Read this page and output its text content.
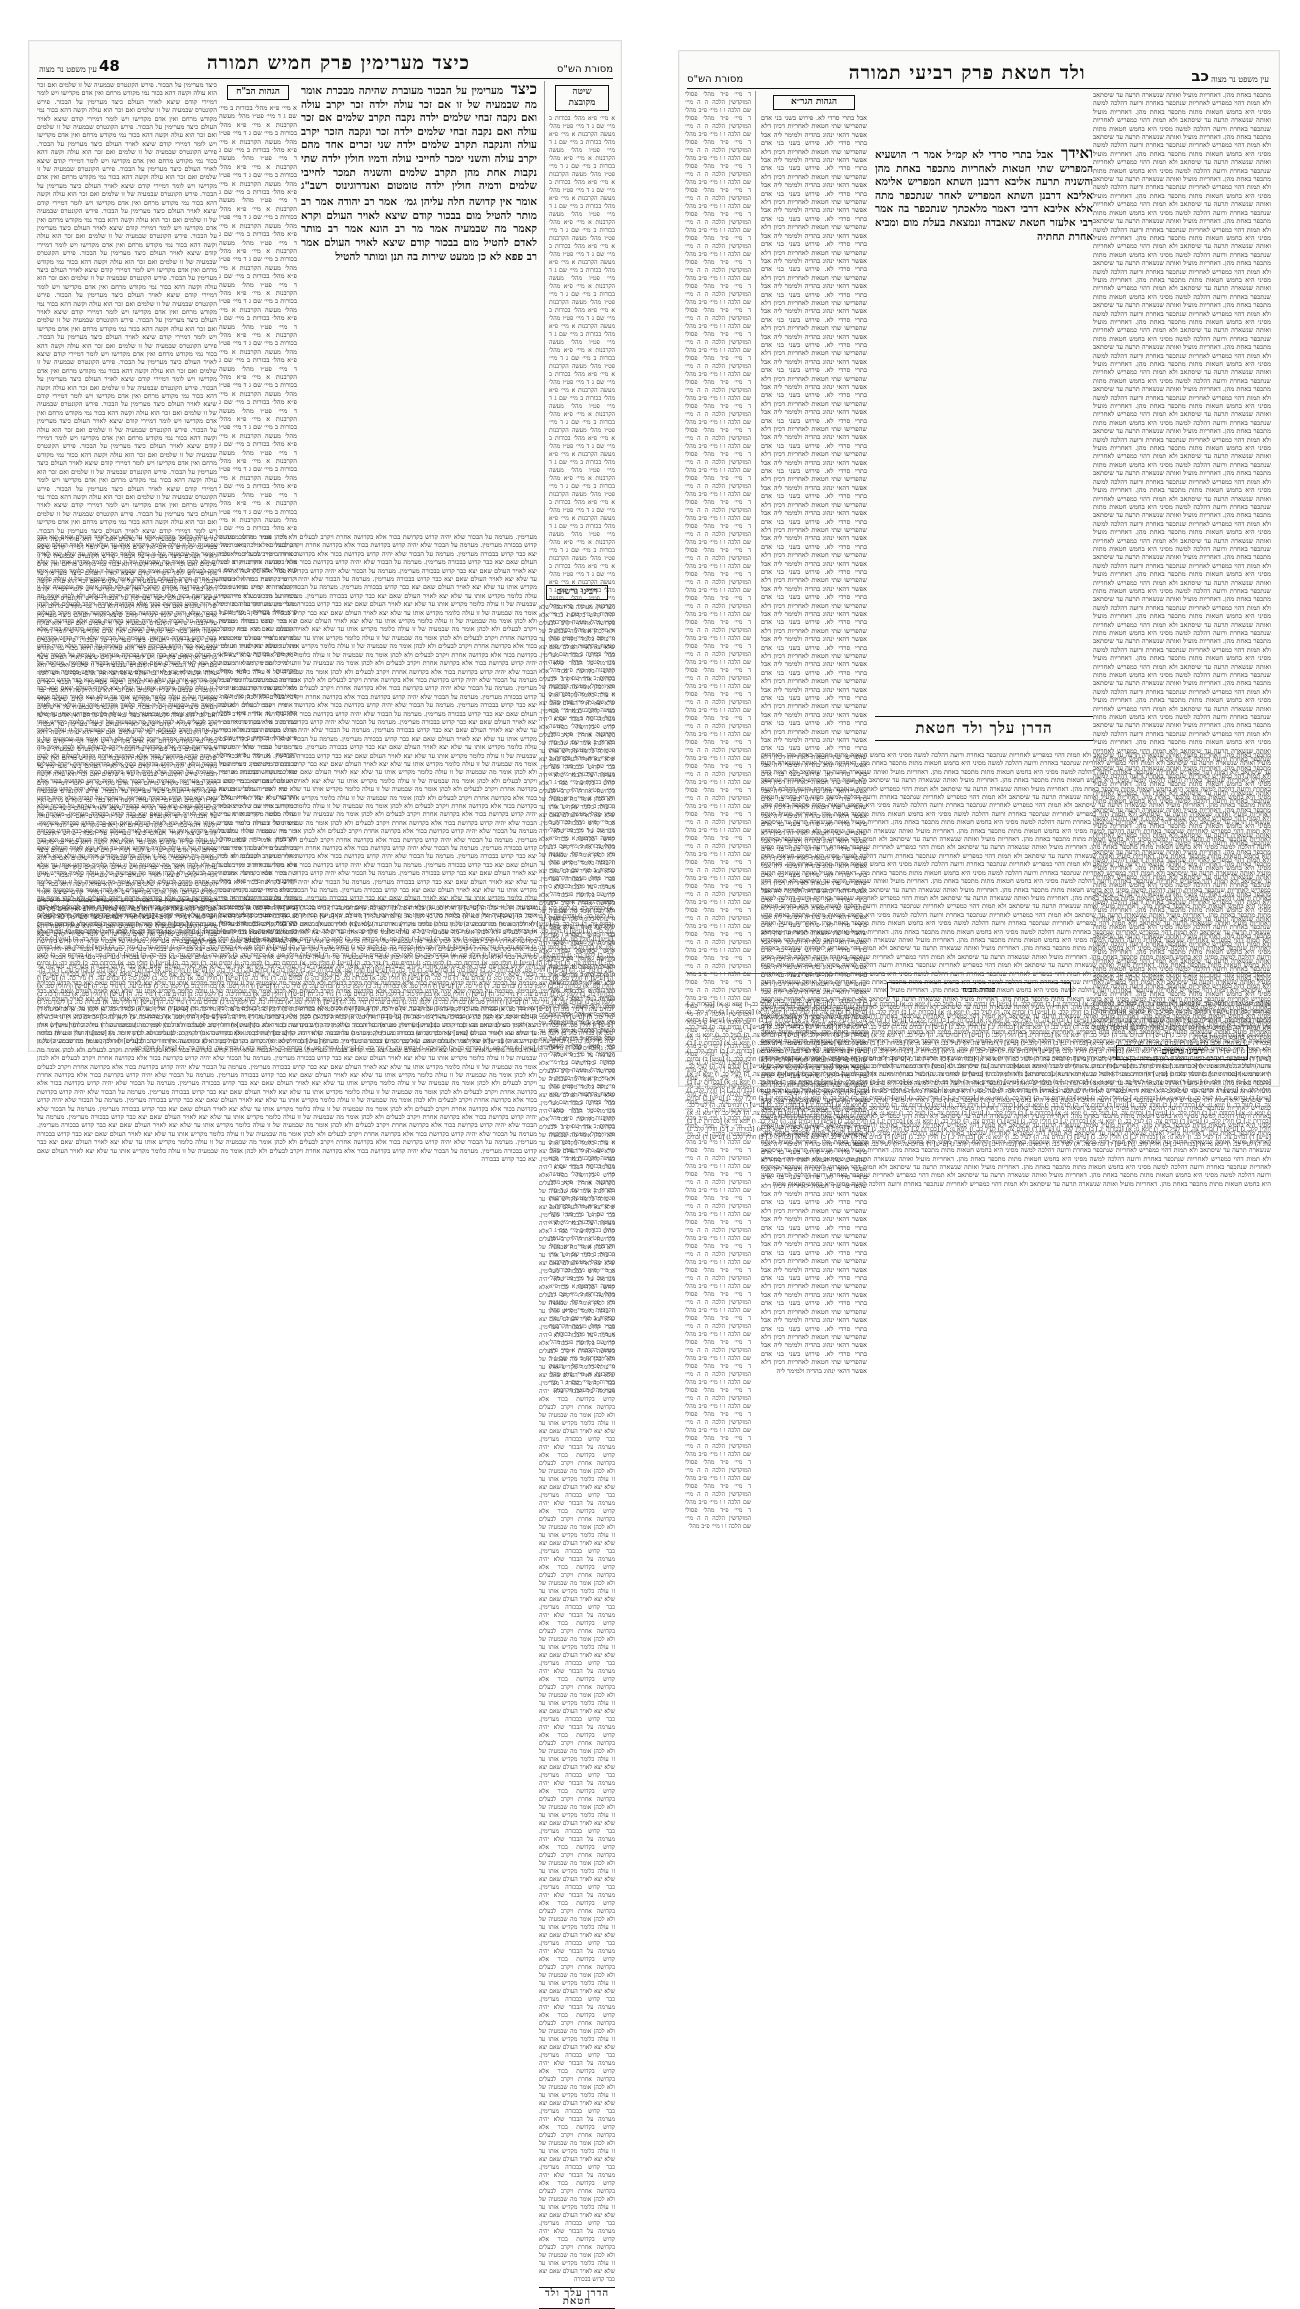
מסורת הש"ס
כיצד מערימין פרק חמיש תמורה
48
עין משפט נר מצוה
שיטה מקובצת
א מיי׳ פ״א מהל׳ בכורות ב מיי׳ שם ג ד מיי׳ פט״ו מהל׳ מעשה הקרבנות א מיי׳ פ״א מהל׳ בכורות ב מיי׳ שם ג ד מיי׳ פט״ו מהל׳ מעשה הקרבנות א מיי׳ פ״א מהל׳ בכורות ב מיי׳ שם ג ד מיי׳ פט״ו מהל׳ מעשה הקרבנות א מיי׳ פ״א מהל׳ בכורות ב מיי׳ שם ג ד מיי׳ פט״ו מהל׳ מעשה הקרבנות א מיי׳ פ״א מהל׳ בכורות ב מיי׳ שם ג ד מיי׳ פט״ו מהל׳ מעשה הקרבנות א מיי׳ פ״א מהל׳ בכורות ב מיי׳ שם ג ד מיי׳ פט״ו מהל׳ מעשה הקרבנות א מיי׳ פ״א מהל׳ בכורות ב מיי׳ שם ג ד מיי׳ פט״ו מהל׳ מעשה הקרבנות א מיי׳ פ״א מהל׳ בכורות ב מיי׳ שם ג ד מיי׳ פט״ו מהל׳ מעשה הקרבנות א מיי׳ פ״א מהל׳ בכורות ב מיי׳ שם ג ד מיי׳ פט״ו מהל׳ מעשה הקרבנות א מיי׳ פ״א מהל׳ בכורות ב מיי׳ שם ג ד מיי׳ פט״ו מהל׳ מעשה הקרבנות א מיי׳ פ״א מהל׳ בכורות ב מיי׳ שם ג ד מיי׳ פט״ו מהל׳ מעשה הקרבנות א מיי׳ פ״א מהל׳ בכורות ב מיי׳ שם ג ד מיי׳ פט״ו מהל׳ מעשה הקרבנות א מיי׳ פ״א מהל׳ בכורות ב מיי׳ שם ג ד מיי׳ פט״ו מהל׳ מעשה הקרבנות א מיי׳ פ״א מהל׳ בכורות ב מיי׳ שם ג ד מיי׳ פט״ו מהל׳ מעשה הקרבנות א מיי׳ פ״א מהל׳ בכורות ב מיי׳ שם ג ד מיי׳ פט״ו מהל׳ מעשה הקרבנות א מיי׳ פ״א מהל׳ בכורות ב מיי׳ שם ג ד מיי׳ פט״ו מהל׳ מעשה הקרבנות א מיי׳ פ״א מהל׳ בכורות ב מיי׳ שם ג ד מיי׳ פט״ו מהל׳ מעשה הקרבנות א מיי׳ פ״א מהל׳ בכורות ב מיי׳ שם ג ד מיי׳ פט״ו מהל׳ מעשה הקרבנות א מיי׳ פ״א מהל׳ בכורות ב מיי׳ שם ג ד מיי׳ פט״ו מהל׳ מעשה הקרבנות א מיי׳ פ״א מהל׳ בכורות ב מיי׳ שם ג ד מיי׳ פט״ו מהל׳ מעשה הקרבנות א מיי׳ פ״א מהל׳ בכורות ב מיי׳ שם ג ד מיי׳ פט״ו מהל׳ מעשה הקרבנות א מיי׳ פ״א מהל׳ בכורות ב מיי׳ שם ג ד מיי׳ פט״ו מהל׳ מעשה הקרבנות א מיי׳ פ״א מהל׳ בכורות ב מיי׳ שם ג ד מיי׳ פט״ו מהל׳ מעשה הקרבנות א מיי׳ פ״א מהל׳ בכורות ב מיי׳ שם ג ד מיי׳ פט״ו מהל׳ מעשה הקרבנות א מיי׳ פ״א מהל׳ בכורות ב מיי׳ שם ג ד מיי׳ פט״ו מהל׳ מעשה הקרבנות א מיי׳ פ״א מהל׳ בכורות ב מיי׳ שם ג ד מיי׳ פט״ו מהל׳ מעשה הקרבנות א מיי׳ פ״א מהל׳ בכורות ב מיי׳ שם ג ד מיי׳ פט״ו מהל׳ מעשה הקרבנות א מיי׳ פ״א מהל׳ בכורות ב מיי׳ שם ג ד מיי׳ פט״ו מהל׳ מעשה הקרבנות א מיי׳ פ״א מהל׳ בכורות ב מיי׳ שם ג ד מיי׳ פט״ו מהל׳ מעשה הקרבנות א מיי׳ פ״א מהל׳ בכורות ב מיי׳ שם ג ד מיי׳ פט״ו מהל׳ מעשה הקרבנות א מיי׳ פ״א מהל׳ בכורות ב מיי׳ שם ג ד מיי׳ פט״ו מהל׳ מעשה הקרבנות א מיי׳ פ״א מהל׳ בכורות ב מיי׳ שם ג ד מיי׳ פט״ו מהל׳ מעשה הקרבנות א מיי׳ פ״א מהל׳ בכורות ב מיי׳ שם ג ד מיי׳ פט״ו מהל׳ מעשה הקרבנות א מיי׳ פ״א מהל׳ בכורות ב מיי׳ שם ג ד מיי׳ פט״ו מהל׳ מעשה הקרבנות א מיי׳ פ״א מהל׳ בכורות ב מיי׳ שם ג ד מיי׳ פט״ו מהל׳ מעשה הקרבנות א מיי׳ פ״א מהל׳ בכורות ב מיי׳ שם ג ד מיי׳ פט״ו מהל׳ מעשה הקרבנות א מיי׳ פ״א מהל׳ בכורות ב מיי׳ שם ג ד מיי׳ פט״ו מהל׳ מעשה הקרבנות א מיי׳ פ״א מהל׳ בכורות ב מיי׳ שם ג ד מיי׳ פט״ו מהל׳ מעשה הקרבנות א מיי׳ פ״א מהל׳ בכורות ב מיי׳ שם ג ד מיי׳ פט״ו מהל׳ מעשה הקרבנות א מיי׳ פ״א מהל׳ בכורות ב מיי׳ שם ג ד מיי׳ פט״ו מהל׳ מעשה הקרבנות א מיי׳ פ״א מהל׳ בכורות ב מיי׳ שם ג ד מיי׳ פט״ו מהל׳ מעשה הקרבנות א מיי׳ פ״א מהל׳ בכורות ב מיי׳ שם ג ד מיי׳ פט״ו מהל׳ מעשה הקרבנות א מיי׳ פ״א מהל׳ בכורות ב מיי׳ שם ג ד מיי׳ פט״ו מהל׳ מעשה הקרבנות א מיי׳ פ״א מהל׳ בכורות ב מיי׳ שם ג ד מיי׳ פט״ו מהל׳ מעשה הקרבנות א מיי׳ פ״א מהל׳ בכורות ב מיי׳ שם ג ד מיי׳ פט״ו מהל׳ מעשה הקרבנות א מיי׳ פ״א מהל׳ בכורות ב מיי׳ שם ג ד מיי׳ פט״ו מהל׳ מעשה הקרבנות א מיי׳ פ״א מהל׳ בכורות ב מיי׳ שם ג ד מיי׳ פט״ו מהל׳ מעשה הקרבנות א מיי׳ פ״א מהל׳ בכורות ב מיי׳ שם ג ד מיי׳ פט״ו מהל׳ מעשה הקרבנות א מיי׳ פ״א מהל׳ בכורות ב מיי׳ שם ג ד מיי׳ פט״ו מהל׳ מעשה הקרבנות א מיי׳ פ״א מהל׳ בכורות ב מיי׳ שם ג ד מיי׳ פט״ו מהל׳ מעשה הקרבנות א מיי׳ פ״א מהל׳ בכורות ב מיי׳ שם ג ד מיי׳ פט״ו מהל׳ מעשה הקרבנות א מיי׳ פ״א מהל׳ בכורות ב מיי׳ שם ג ד מיי׳ פט״ו מהל׳ מעשה הקרבנות א מיי׳ פ״א מהל׳ בכורות ב מיי׳ שם ג ד מיי׳ פט״ו מהל׳ מעשה הקרבנות א מיי׳ פ״א מהל׳ בכורות ב מיי׳ שם ג ד מיי׳ פט״ו מהל׳ מעשה הקרבנות א מיי׳ פ״א מהל׳ בכורות ב מיי׳ שם ג ד מיי׳ פט״ו מהל׳ מעשה הקרבנות א מיי׳ פ״א מהל׳ בכורות ב מיי׳ שם ג ד מיי׳ פט״ו מהל׳ מעשה הקרבנות א מיי׳ פ״א מהל׳ בכורות ב מיי׳ שם ג ד מיי׳ פט״ו מהל׳ מעשה הקרבנות א מיי׳ פ״א מהל׳ בכורות ב מיי׳ שם ג ד מיי׳ פט״ו מהל׳ מעשה הקרבנות א מיי׳ פ״א מהל׳ בכורות ב מיי׳ שם ג ד מיי׳ פט״ו מהל׳ מעשה הקרבנות א מיי׳ פ״א מהל׳ בכורות ב מיי׳ שם ג ד מיי׳ פט״ו מהל׳ מעשה הקרבנות
כיצד מערימין על הבכור מעוברת שהיתה מבכרת אומר מה שבמעיה של זו אם זכר עולה ילדה זכר יקרב עולה ואם נקבה זבחי שלמים ילדה נקבה תקרב שלמים אם זכר עולה ואם נקבה זבחי שלמים ילדה זכר ונקבה הזכר יקרב עולה והנקבה תקרב שלמים ילדה שני זכרים אחד מהם יקרב עולה והשני ימכר לחייבי עולה ודמיו חולין ילדה שתי נקבות אחת מהן תקרב שלמים והשניה תמכר לחייבי שלמים ודמיה חולין ילדה טומטום ואנדרוגינוס רשב"ג אומר אין קדושה חלה עליהן גמ׳ אמר רב יהודה אמר רב מותר להטיל מום בבכור קודם שיצא לאויר העולם וקרא קאמר מה שבמעיה אמר מר רב הונא אמר רב מותר לאדם להטיל מום בבכור קודם שיצא לאויר העולם אמר רב פפא לא כן ממעט שירות בה תנן ומותר להטיל
כיצד מערימין על הבכור. פירש הקונטרס שבמעיה של זו שלמים ואם זכר הוא עולה וקשה דהא בכור נמי מקודש מרחם ואין אדם מקדישו ויש לומר דמיירי קודם שיצא לאויר העולם כיצד מערימין על הבכור. פירש הקונטרס שבמעיה של זו שלמים ואם זכר הוא עולה וקשה דהא בכור נמי מקודש מרחם ואין אדם מקדישו ויש לומר דמיירי קודם שיצא לאויר העולם כיצד מערימין על הבכור. פירש הקונטרס שבמעיה של זו שלמים ואם זכר הוא עולה וקשה דהא בכור נמי מקודש מרחם ואין אדם מקדישו ויש לומר דמיירי קודם שיצא לאויר העולם כיצד מערימין על הבכור. פירש הקונטרס שבמעיה של זו שלמים ואם זכר הוא עולה וקשה דהא בכור נמי מקודש מרחם ואין אדם מקדישו ויש לומר דמיירי קודם שיצא לאויר העולם כיצד מערימין על הבכור. פירש הקונטרס שבמעיה של זו שלמים ואם זכר הוא עולה וקשה דהא בכור נמי מקודש מרחם ואין אדם מקדישו ויש לומר דמיירי קודם שיצא לאויר העולם כיצד מערימין על הבכור. פירש הקונטרס שבמעיה של זו שלמים ואם זכר הוא עולה וקשה דהא בכור נמי מקודש מרחם ואין אדם מקדישו ויש לומר דמיירי קודם שיצא לאויר העולם כיצד מערימין על הבכור. פירש הקונטרס שבמעיה של זו שלמים ואם זכר הוא עולה וקשה דהא בכור נמי מקודש מרחם ואין אדם מקדישו ויש לומר דמיירי קודם שיצא לאויר העולם כיצד מערימין על הבכור. פירש הקונטרס שבמעיה של זו שלמים ואם זכר הוא עולה וקשה דהא בכור נמי מקודש מרחם ואין אדם מקדישו ויש לומר דמיירי קודם שיצא לאויר העולם כיצד מערימין על הבכור. פירש הקונטרס שבמעיה של זו שלמים ואם זכר הוא עולה וקשה דהא בכור נמי מקודש מרחם ואין אדם מקדישו ויש לומר דמיירי קודם שיצא לאויר העולם כיצד מערימין על הבכור. פירש הקונטרס שבמעיה של זו שלמים ואם זכר הוא עולה וקשה דהא בכור נמי מקודש מרחם ואין אדם מקדישו ויש לומר דמיירי קודם שיצא לאויר העולם כיצד מערימין על הבכור. פירש הקונטרס שבמעיה של זו שלמים ואם זכר הוא עולה וקשה דהא בכור נמי מקודש מרחם ואין אדם מקדישו ויש לומר דמיירי קודם שיצא לאויר העולם כיצד מערימין על הבכור. פירש הקונטרס שבמעיה של זו שלמים ואם זכר הוא עולה וקשה דהא בכור נמי מקודש מרחם ואין אדם מקדישו ויש לומר דמיירי קודם שיצא לאויר העולם כיצד מערימין על הבכור. פירש הקונטרס שבמעיה של זו שלמים ואם זכר הוא עולה וקשה דהא בכור נמי מקודש מרחם ואין אדם מקדישו ויש לומר דמיירי קודם שיצא לאויר העולם כיצד מערימין על הבכור. פירש הקונטרס שבמעיה של זו שלמים ואם זכר הוא עולה וקשה דהא בכור נמי מקודש מרחם ואין אדם מקדישו ויש לומר דמיירי קודם שיצא לאויר העולם כיצד מערימין על הבכור. פירש הקונטרס שבמעיה של זו שלמים ואם זכר הוא עולה וקשה דהא בכור נמי מקודש מרחם ואין אדם מקדישו ויש לומר דמיירי קודם שיצא לאויר העולם כיצד מערימין על הבכור. פירש הקונטרס שבמעיה של זו שלמים ואם זכר הוא עולה וקשה דהא בכור נמי מקודש מרחם ואין אדם מקדישו ויש לומר דמיירי קודם שיצא לאויר העולם כיצד מערימין על הבכור. פירש הקונטרס שבמעיה של זו שלמים ואם זכר הוא עולה וקשה דהא בכור נמי מקודש מרחם ואין אדם מקדישו ויש לומר דמיירי קודם שיצא לאויר העולם כיצד מערימין על הבכור. פירש הקונטרס שבמעיה של זו שלמים ואם זכר הוא עולה וקשה דהא בכור נמי מקודש מרחם ואין אדם מקדישו ויש לומר דמיירי קודם שיצא לאויר העולם כיצד מערימין על הבכור. פירש הקונטרס שבמעיה של זו שלמים ואם זכר הוא עולה וקשה דהא בכור נמי מקודש מרחם ואין אדם מקדישו ויש לומר דמיירי קודם שיצא לאויר העולם כיצד מערימין על הבכור. פירש הקונטרס שבמעיה של זו שלמים ואם זכר הוא עולה וקשה דהא בכור נמי מקודש מרחם ואין אדם מקדישו ויש לומר דמיירי קודם שיצא לאויר העולם כיצד מערימין על הבכור. פירש הקונטרס שבמעיה של זו שלמים ואם זכר הוא עולה וקשה דהא בכור נמי מקודש מרחם ואין אדם מקדישו ויש לומר דמיירי קודם שיצא לאויר העולם כיצד מערימין על הבכור. פירש הקונטרס שבמעיה של זו שלמים ואם זכר הוא עולה וקשה דהא בכור נמי מקודש מרחם ואין אדם מקדישו ויש לומר דמיירי קודם שיצא לאויר העולם כיצד מערימין על הבכור. פירש הקונטרס שבמעיה של זו שלמים ואם זכר הוא עולה וקשה דהא בכור נמי מקודש מרחם ואין אדם מקדישו ויש לומר דמיירי קודם שיצא לאויר העולם כיצד מערימין על הבכור. פירש הקונטרס שבמעיה של זו שלמים ואם זכר הוא עולה וקשה דהא בכור נמי מקודש מרחם ואין אדם מקדישו ויש לומר דמיירי קודם שיצא לאויר העולם כיצד מערימין על הבכור. פירש הקונטרס שבמעיה של זו שלמים ואם זכר הוא עולה וקשה דהא בכור נמי מקודש מרחם ואין אדם מקדישו ויש לומר דמיירי קודם שיצא לאויר העולם כיצד מערימין על הבכור. פירש הקונטרס שבמעיה של זו שלמים ואם זכר הוא עולה וקשה דהא בכור נמי מקודש מרחם ואין אדם מקדישו ויש לומר דמיירי קודם שיצא לאויר העולם כיצד מערימין על הבכור. פירש הקונטרס שבמעיה של זו שלמים ואם זכר הוא עולה וקשה דהא בכור נמי מקודש מרחם ואין אדם מקדישו ויש לומר דמיירי קודם שיצא לאויר העולם כיצד מערימין על הבכור. פירש הקונטרס שבמעיה של זו שלמים ואם זכר הוא עולה וקשה דהא בכור נמי מקודש מרחם ואין אדם מקדישו ויש לומר דמיירי קודם שיצא לאויר העולם כיצד מערימין על הבכור. פירש הקונטרס שבמעיה של זו שלמים ואם זכר הוא עולה וקשה דהא בכור נמי מקודש מרחם ואין אדם מקדישו ויש לומר דמיירי קודם שיצא לאויר העולם כיצד מערימין על הבכור. פירש הקונטרס שבמעיה של זו שלמים ואם זכר הוא עולה וקשה דהא בכור נמי מקודש מרחם ואין אדם מקדישו ויש לומר דמיירי קודם שיצא לאויר העולם כיצד מערימין על הבכור. פירש הקונטרס שבמעיה של זו שלמים ואם זכר הוא עולה וקשה דהא בכור נמי מקודש מרחם ואין אדם מקדישו ויש לומר דמיירי קודם שיצא לאויר העולם כיצד מערימין על הבכור. פירש הקונטרס שבמעיה של זו שלמים ואם זכר הוא עולה וקשה דהא בכור נמי מקודש מרחם ואין אדם מקדישו ויש לומר דמיירי קודם שיצא לאויר העולם כיצד מערימין על הבכור. פירש הקונטרס שבמעיה של זו שלמים ואם זכר הוא עולה וקשה דהא בכור נמי מקודש מרחם ואין אדם מקדישו ויש לומר דמיירי קודם שיצא לאויר העולם כיצד מערימין על הבכור. פירש הקונטרס שבמעיה של זו שלמים ואם זכר הוא עולה וקשה דהא בכור נמי מקודש מרחם ואין אדם מקדישו ויש לומר דמיירי קודם שיצא לאויר העולם כיצד מערימין על הבכור. פירש הקונטרס שבמעיה של זו שלמים ואם זכר הוא עולה וקשה דהא בכור נמי מקודש מרחם ואין אדם מקדישו ויש לומר דמיירי קודם שיצא לאויר העולם כיצד מערימין על הבכור. פירש הקונטרס שבמעיה של זו שלמים ואם זכר הוא עולה וקשה דהא בכור נמי מקודש מרחם ואין אדם מקדישו ויש לומר דמיירי קודם שיצא לאויר העולם כיצד מערימין על הבכור. פירש הקונטרס שבמעיה של זו שלמים ואם זכר הוא עולה וקשה דהא בכור נמי מקודש מרחם ואין אדם מקדישו ויש לומר דמיירי קודם שיצא לאויר העולם כיצד מערימין על הבכור. פירש הקונטרס שבמעיה של זו שלמים ואם זכר הוא עולה וקשה דהא בכור נמי מקודש מרחם ואין אדם מקדישו ויש לומר דמיירי קודם שיצא לאויר העולם כיצד מערימין על הבכור. פירש הקונטרס שבמעיה של זו שלמים ואם זכר הוא עולה וקשה דהא בכור נמי מקודש מרחם ואין אדם מקדישו ויש לומר דמיירי קודם שיצא לאויר העולם כיצד מערימין על הבכור. פירש הקונטרס שבמעיה של זו שלמים ואם זכר הוא עולה וקשה דהא בכור נמי מקודש מרחם ואין אדם מקדישו ויש לומר דמיירי קודם שיצא לאויר העולם
הגהות הב"ח
א מיי׳ פ״א מהל׳ בכורות ב מיי׳ שם ג ד מיי׳ פט״ו מהל׳ מעשה הקרבנות א מיי׳ פ״א מהל׳ בכורות ב מיי׳ שם ג ד מיי׳ פט״ו מהל׳ מעשה הקרבנות א מיי׳ פ״א מהל׳ בכורות ב מיי׳ שם ג ד מיי׳ פט״ו מהל׳ מעשה הקרבנות א מיי׳ פ״א מהל׳ בכורות ב מיי׳ שם ג ד מיי׳ פט״ו מהל׳ מעשה הקרבנות א מיי׳ פ״א מהל׳ בכורות ב מיי׳ שם ג ד מיי׳ פט״ו מהל׳ מעשה הקרבנות א מיי׳ פ״א מהל׳ בכורות ב מיי׳ שם ג ד מיי׳ פט״ו מהל׳ מעשה הקרבנות א מיי׳ פ״א מהל׳ בכורות ב מיי׳ שם ג ד מיי׳ פט״ו מהל׳ מעשה הקרבנות א מיי׳ פ״א מהל׳ בכורות ב מיי׳ שם ג ד מיי׳ פט״ו מהל׳ מעשה הקרבנות א מיי׳ פ״א מהל׳ בכורות ב מיי׳ שם ג ד מיי׳ פט״ו מהל׳ מעשה הקרבנות א מיי׳ פ״א מהל׳ בכורות ב מיי׳ שם ג ד מיי׳ פט״ו מהל׳ מעשה הקרבנות א מיי׳ פ״א מהל׳ בכורות ב מיי׳ שם ג ד מיי׳ פט״ו מהל׳ מעשה הקרבנות א מיי׳ פ״א מהל׳ בכורות ב מיי׳ שם ג ד מיי׳ פט״ו מהל׳ מעשה הקרבנות א מיי׳ פ״א מהל׳ בכורות ב מיי׳ שם ג ד מיי׳ פט״ו מהל׳ מעשה הקרבנות א מיי׳ פ״א מהל׳ בכורות ב מיי׳ שם ג ד מיי׳ פט״ו מהל׳ מעשה הקרבנות א מיי׳ פ״א מהל׳ בכורות ב מיי׳ שם ג ד מיי׳ פט״ו מהל׳ מעשה הקרבנות א מיי׳ פ״א מהל׳ בכורות ב מיי׳ שם ג ד מיי׳ פט״ו מהל׳ מעשה הקרבנות א מיי׳ פ״א מהל׳ בכורות ב מיי׳ שם ג ד מיי׳ פט״ו מהל׳ מעשה הקרבנות א מיי׳ פ״א מהל׳ בכורות ב מיי׳ שם ג ד מיי׳ פט״ו מהל׳ מעשה הקרבנות א מיי׳ פ״א מהל׳ בכורות ב מיי׳ שם ג ד מיי׳ פט״ו מהל׳ מעשה הקרבנות א מיי׳ פ״א מהל׳ בכורות ב מיי׳ שם ג ד מיי׳ פט״ו מהל׳ מעשה הקרבנות א מיי׳ פ״א מהל׳ בכורות ב מיי׳ שם ג ד מיי׳ פט״ו מהל׳ מעשה הקרבנות א מיי׳ פ״א מהל׳ בכורות ב מיי׳ שם ג ד מיי׳ פט״ו מהל׳ מעשה הקרבנות א מיי׳ פ״א מהל׳ בכורות ב מיי׳ שם ג ד מיי׳ פט״ו מהל׳ מעשה הקרבנות א מיי׳ פ״א מהל׳ בכורות ב מיי׳ שם ג ד מיי׳ פט״ו מהל׳ מעשה הקרבנות א מיי׳ פ״א מהל׳ בכורות ב מיי׳ שם ג ד מיי׳ פט״ו מהל׳ מעשה הקרבנות א מיי׳ פ״א מהל׳ בכורות ב מיי׳ שם ג ד מיי׳ פט״ו מהל׳ מעשה הקרבנות א מיי׳ פ״א מהל׳ בכורות ב מיי׳ שם ג ד מיי׳ פט״ו מהל׳ מעשה הקרבנות א מיי׳ פ״א מהל׳ בכורות ב מיי׳ שם ג ד מיי׳ פט״ו מהל׳ מעשה הקרבנות א מיי׳ פ״א מהל׳ בכורות ב מיי׳ שם ג ד מיי׳ פט״ו מהל׳ מעשה הקרבנות א מיי׳ פ״א מהל׳ בכורות ב מיי׳ שם ג ד מיי׳ פט״ו מהל׳ מעשה הקרבנות א מיי׳ פ״א מהל׳ בכורות ב מיי׳ שם ג ד מיי׳ פט״ו מהל׳ מעשה הקרבנות א מיי׳ פ״א מהל׳ בכורות ב מיי׳ שם ג ד מיי׳ פט״ו מהל׳ מעשה הקרבנות א מיי׳ פ״א מהל׳ בכורות ב מיי׳ שם ג ד מיי׳ פט״ו מהל׳ מעשה הקרבנות א מיי׳ פ״א מהל׳ בכורות ב מיי׳ שם ג ד מיי׳ פט״ו מהל׳ מעשה הקרבנות א מיי׳ פ״א מהל׳ בכורות ב מיי׳ שם ג ד מיי׳ פט״ו מהל׳ מעשה הקרבנות א מיי׳ פ״א מהל׳ בכורות ב מיי׳ שם ג ד מיי׳ פט״ו מהל׳ מעשה הקרבנות א מיי׳ פ״א מהל׳ בכורות ב מיי׳ שם ג ד מיי׳ פט״ו מהל׳ מעשה הקרבנות א מיי׳ פ״א מהל׳ בכורות ב מיי׳ שם ג ד מיי׳ פט״ו מהל׳ מעשה הקרבנות א מיי׳ פ״א מהל׳ בכורות ב מיי׳ שם ג ד מיי׳ פט״ו מהל׳ מעשה הקרבנות א מיי׳ פ״א מהל׳ בכורות ב מיי׳ שם ג ד מיי׳ פט״ו מהל׳ מעשה הקרבנות
מערימין. מערמה על הבכור שלא יהיה קדוש בקדושת בכור אלא בקדושה אחרת ויקרב לבעלים ולא לכהן אומר מה שבמעיה של זו עולה כלומר מקדיש אותו עד שלא יצא לאויר העולם שאם יצא כבר קדוש בבכורה מערימין. מערמה על הבכור שלא יהיה קדוש בקדושת בכור אלא בקדושה אחרת ויקרב לבעלים ולא לכהן אומר מה שבמעיה של זו עולה כלומר מקדיש אותו עד שלא יצא לאויר העולם שאם יצא כבר קדוש בבכורה מערימין. מערמה על הבכור שלא יהיה קדוש בקדושת בכור אלא בקדושה אחרת ויקרב לבעלים ולא לכהן אומר מה שבמעיה של זו עולה כלומר מקדיש אותו עד שלא יצא לאויר העולם שאם יצא כבר קדוש בבכורה מערימין. מערמה על הבכור שלא יהיה קדוש בקדושת בכור אלא בקדושה אחרת ויקרב לבעלים ולא לכהן אומר מה שבמעיה של זו עולה כלומר מקדיש אותו עד שלא יצא לאויר העולם שאם יצא כבר קדוש בבכורה מערימין. מערמה על הבכור שלא יהיה קדוש בקדושת בכור אלא בקדושה אחרת ויקרב לבעלים ולא לכהן אומר מה שבמעיה של זו עולה כלומר מקדיש אותו עד שלא יצא לאויר העולם שאם יצא כבר קדוש בבכורה מערימין. מערמה על הבכור שלא יהיה קדוש בקדושת בכור אלא בקדושה אחרת ויקרב לבעלים ולא לכהן אומר מה שבמעיה של זו עולה כלומר מקדיש אותו עד שלא יצא לאויר העולם שאם יצא כבר קדוש בבכורה מערימין. מערמה על הבכור שלא יהיה קדוש בקדושת בכור אלא בקדושה אחרת ויקרב לבעלים ולא לכהן אומר מה שבמעיה של זו עולה כלומר מקדיש אותו עד שלא יצא לאויר העולם שאם יצא כבר קדוש בבכורה מערימין. מערמה על הבכור שלא יהיה קדוש בקדושת בכור אלא בקדושה אחרת ויקרב לבעלים ולא לכהן אומר מה שבמעיה של זו עולה כלומר מקדיש אותו עד שלא יצא לאויר העולם שאם יצא כבר קדוש בבכורה מערימין. מערמה על הבכור שלא יהיה קדוש בקדושת בכור אלא בקדושה אחרת ויקרב לבעלים ולא לכהן אומר מה שבמעיה של זו עולה כלומר מקדיש אותו עד שלא יצא לאויר העולם שאם יצא כבר קדוש בבכורה מערימין. מערמה על הבכור שלא יהיה קדוש בקדושת בכור אלא בקדושה אחרת ויקרב לבעלים ולא לכהן אומר מה שבמעיה של זו עולה כלומר מקדיש אותו עד שלא יצא לאויר העולם שאם יצא כבר קדוש בבכורה מערימין. מערמה על הבכור שלא יהיה קדוש בקדושת בכור אלא בקדושה אחרת ויקרב לבעלים ולא לכהן אומר מה שבמעיה של זו עולה כלומר מקדיש אותו עד שלא יצא לאויר העולם שאם יצא כבר קדוש בבכורה מערימין. מערמה על הבכור שלא יהיה קדוש בקדושת בכור אלא בקדושה אחרת ויקרב לבעלים ולא לכהן אומר מה שבמעיה של זו עולה כלומר מקדיש אותו עד שלא יצא לאויר העולם שאם יצא כבר קדוש בבכורה מערימין. מערמה על הבכור שלא יהיה קדוש בקדושת בכור אלא בקדושה אחרת ויקרב לבעלים ולא לכהן אומר מה שבמעיה של זו עולה כלומר מקדיש אותו עד שלא יצא לאויר העולם שאם יצא כבר קדוש בבכורה מערימין. מערמה על הבכור שלא יהיה קדוש בקדושת בכור אלא בקדושה אחרת ויקרב לבעלים ולא לכהן אומר מה שבמעיה של זו עולה כלומר מקדיש אותו עד שלא יצא לאויר העולם שאם יצא כבר קדוש בבכורה מערימין. מערמה על הבכור שלא יהיה קדוש בקדושת בכור אלא בקדושה אחרת ויקרב לבעלים ולא לכהן אומר מה שבמעיה של זו עולה כלומר מקדיש אותו עד שלא יצא לאויר העולם שאם יצא כבר קדוש בבכורה מערימין. מערמה על הבכור שלא יהיה קדוש בקדושת בכור אלא בקדושה אחרת ויקרב לבעלים ולא לכהן אומר מה שבמעיה של זו עולה כלומר מקדיש אותו עד שלא יצא לאויר העולם שאם יצא כבר קדוש בבכורה מערימין. מערמה על הבכור שלא יהיה קדוש בקדושת בכור אלא בקדושה אחרת ויקרב לבעלים ולא לכהן אומר מה שבמעיה של זו עולה כלומר מקדיש אותו עד שלא יצא לאויר העולם שאם יצא כבר קדוש בבכורה מערימין. מערמה על הבכור שלא יהיה קדוש בקדושת בכור אלא בקדושה אחרת ויקרב לבעלים ולא לכהן אומר מה שבמעיה של זו עולה כלומר מקדיש אותו עד שלא יצא לאויר העולם שאם יצא כבר קדוש בבכורה מערימין. מערמה על הבכור שלא יהיה קדוש בקדושת בכור אלא בקדושה אחרת ויקרב לבעלים ולא לכהן אומר מה שבמעיה של זו עולה כלומר מקדיש אותו עד שלא יצא לאויר העולם שאם יצא כבר קדוש בבכורה מערימין. מערמה על הבכור שלא יהיה קדוש בקדושת בכור אלא בקדושה אחרת ויקרב לבעלים ולא לכהן אומר מה שבמעיה של זו עולה כלומר מקדיש אותו עד שלא יצא לאויר העולם שאם יצא כבר קדוש בבכורה מערימין. מערמה על הבכור שלא יהיה קדוש בקדושת בכור אלא בקדושה אחרת ויקרב לבעלים ולא לכהן אומר מה שבמעיה של זו עולה כלומר מקדיש אותו עד שלא יצא לאויר העולם שאם יצא כבר קדוש בבכורה מערימין. מערמה על הבכור שלא יהיה קדוש בקדושת בכור אלא בקדושה אחרת ויקרב לבעלים ולא לכהן אומר מה שבמעיה של זו עולה כלומר מקדיש אותו עד שלא יצא לאויר העולם שאם יצא כבר קדוש בבכורה מערימין. מערמה על הבכור שלא יהיה קדוש בקדושת בכור אלא בקדושה אחרת ויקרב לבעלים ולא לכהן אומר מה שבמעיה של זו עולה כלומר מקדיש אותו עד שלא יצא לאויר העולם שאם יצא כבר קדוש בבכורה מערימין. מערמה על הבכור שלא יהיה קדוש בקדושת בכור אלא בקדושה אחרת ויקרב לבעלים ולא לכהן אומר מה שבמעיה של זו עולה כלומר מקדיש אותו עד שלא יצא לאויר העולם שאם יצא כבר קדוש בבכורה מערימין. מערמה על הבכור שלא יהיה קדוש בקדושת בכור אלא בקדושה אחרת ויקרב לבעלים ולא לכהן אומר מה שבמעיה של זו עולה כלומר מקדיש אותו עד שלא יצא לאויר העולם שאם יצא כבר קדוש בבכורה מערימין. מערמה על הבכור שלא יהיה קדוש בקדושת בכור אלא בקדושה אחרת ויקרב לבעלים ולא לכהן אומר מה שבמעיה של זו עולה כלומר מקדיש אותו עד שלא יצא לאויר העולם שאם יצא כבר קדוש בבכורה מערימין. מערמה על הבכור שלא יהיה קדוש בקדושת בכור אלא בקדושה אחרת ויקרב לבעלים ולא לכהן אומר מה שבמעיה של זו עולה כלומר מקדיש אותו עד שלא יצא לאויר העולם שאם יצא כבר קדוש בבכורה מערימין. מערמה על הבכור שלא יהיה קדוש בקדושת בכור אלא בקדושה אחרת ויקרב לבעלים ולא לכהן אומר מה שבמעיה של זו עולה כלומר מקדיש אותו עד שלא יצא לאויר העולם שאם יצא כבר קדוש בבכורה מערימין. מערמה על הבכור שלא יהיה קדוש בקדושת בכור אלא בקדושה אחרת ויקרב לבעלים ולא לכהן אומר מה שבמעיה של זו עולה כלומר מקדיש אותו עד שלא יצא לאויר העולם שאם יצא כבר קדוש בבכורה מערימין. מערמה על הבכור שלא יהיה קדוש בקדושת בכור אלא בקדושה אחרת ויקרב לבעלים ולא לכהן אומר מה שבמעיה של זו עולה כלומר מקדיש אותו עד שלא יצא לאויר העולם שאם יצא כבר קדוש בבכורה מערימין. מערמה על הבכור שלא יהיה קדוש בקדושת בכור אלא בקדושה אחרת ויקרב לבעלים ולא לכהן אומר מה שבמעיה של זו עולה כלומר מקדיש אותו עד שלא יצא לאויר העולם שאם יצא כבר קדוש בבכורה מערימין. מערמה על הבכור שלא יהיה קדוש בקדושת בכור אלא בקדושה אחרת ויקרב לבעלים ולא לכהן אומר מה שבמעיה של זו עולה כלומר מקדיש אותו עד שלא יצא לאויר העולם שאם יצא כבר קדוש בבכורה מערימין. מערמה על הבכור שלא יהיה קדוש בקדושת בכור אלא בקדושה אחרת ויקרב לבעלים ולא לכהן אומר מה שבמעיה של זו עולה כלומר מקדיש אותו עד שלא יצא לאויר העולם שאם יצא כבר קדוש בבכורה מערימין. מערמה על הבכור שלא יהיה קדוש בקדושת בכור אלא בקדושה אחרת ויקרב לבעלים ולא לכהן אומר מה שבמעיה של זו עולה כלומר מקדיש אותו עד שלא יצא לאויר העולם שאם יצא כבר קדוש בבכורה מערימין. מערמה על הבכור שלא יהיה קדוש בקדושת בכור אלא בקדושה אחרת ויקרב לבעלים ולא לכהן אומר מה שבמעיה של זו עולה כלומר מקדיש אותו עד שלא יצא לאויר העולם שאם יצא כבר קדוש בבכורה מערימין. מערמה על הבכור שלא יהיה קדוש בקדושת בכור אלא בקדושה אחרת ויקרב לבעלים ולא לכהן אומר מה שבמעיה של זו עולה כלומר מקדיש אותו עד שלא יצא לאויר העולם שאם יצא כבר קדוש בבכורה מערימין. מערמה על הבכור שלא יהיה קדוש בקדושת בכור אלא בקדושה אחרת ויקרב לבעלים ולא לכהן אומר מה שבמעיה של זו עולה כלומר מקדיש אותו עד שלא יצא לאויר העולם שאם יצא כבר קדוש בבכורה מערימין. מערמה על הבכור שלא יהיה קדוש בקדושת בכור אלא בקדושה אחרת ויקרב לבעלים ולא לכהן אומר מה שבמעיה של זו עולה כלומר מקדיש אותו עד שלא יצא לאויר העולם שאם יצא כבר קדוש בבכורה מערימין. מערמה על הבכור שלא יהיה קדוש בקדושת בכור אלא בקדושה אחרת ויקרב לבעלים ולא לכהן אומר מה שבמעיה של זו עולה כלומר מקדיש אותו עד שלא יצא לאויר העולם שאם יצא כבר קדוש בבכורה מערימין. מערמה על הבכור שלא יהיה קדוש בקדושת בכור אלא בקדושה אחרת ויקרב לבעלים ולא לכהן אומר מה שבמעיה של זו עולה כלומר מקדיש אותו עד שלא יצא לאויר העולם שאם יצא כבר קדוש בבכורה מערימין. מערמה על הבכור שלא יהיה קדוש בקדושת בכור אלא בקדושה אחרת ויקרב לבעלים ולא לכהן אומר מה שבמעיה של זו עולה כלומר מקדיש אותו עד שלא יצא לאויר העולם שאם יצא כבר קדוש בבכורה מערימין. מערמה על הבכור שלא יהיה קדוש בקדושת בכור אלא בקדושה אחרת ויקרב לבעלים ולא לכהן אומר מה שבמעיה של זו עולה כלומר מקדיש אותו עד שלא יצא לאויר העולם שאם יצא כבר קדוש בבכורה מערימין. מערמה על הבכור שלא יהיה קדוש בקדושת בכור אלא בקדושה אחרת ויקרב לבעלים ולא לכהן אומר מה שבמעיה של זו עולה כלומר מקדיש אותו עד שלא יצא לאויר העולם שאם יצא כבר קדוש בבכורה מערימין. מערמה על הבכור שלא יהיה קדוש בקדושת בכור אלא בקדושה אחרת ויקרב לבעלים ולא לכהן אומר מה שבמעיה של זו עולה כלומר מקדיש אותו עד שלא יצא לאויר העולם שאם יצא כבר קדוש בבכורה מערימין. מערמה על הבכור שלא יהיה קדוש בקדושת בכור אלא בקדושה אחרת ויקרב לבעלים ולא לכהן אומר מה שבמעיה של זו עולה כלומר מקדיש אותו עד שלא יצא לאויר העולם שאם יצא כבר קדוש בבכורה מערימין. מערמה על הבכור שלא יהיה קדוש בקדושת בכור אלא בקדושה אחרת ויקרב לבעלים ולא לכהן אומר מה שבמעיה של זו עולה כלומר מקדיש אותו עד שלא יצא לאויר העולם שאם יצא כבר קדוש בבכורה מערימין. מערמה על הבכור שלא יהיה קדוש בקדושת בכור אלא בקדושה אחרת ויקרב לבעלים ולא לכהן אומר מה שבמעיה של זו עולה כלומר מקדיש אותו עד שלא יצא לאויר העולם שאם יצא כבר קדוש בבכורה מערימין. מערמה על הבכור שלא יהיה קדוש בקדושת בכור אלא בקדושה אחרת ויקרב לבעלים ולא לכהן אומר מה שבמעיה של זו עולה כלומר מקדיש אותו עד שלא יצא לאויר העולם שאם יצא כבר קדוש בבכורה מערימין. מערמה על הבכור שלא יהיה קדוש בקדושת בכור אלא בקדושה אחרת ויקרב לבעלים ולא לכהן אומר מה שבמעיה של זו עולה כלומר מקדיש אותו עד שלא יצא לאויר העולם שאם יצא כבר קדוש בבכורה מערימין. מערמה על הבכור שלא יהיה קדוש בקדושת בכור אלא בקדושה אחרת ויקרב לבעלים ולא לכהן אומר מה שבמעיה של זו עולה כלומר מקדיש אותו עד שלא יצא לאויר העולם שאם יצא כבר קדוש בבכורה מערימין. מערמה על הבכור שלא יהיה קדוש בקדושת בכור אלא בקדושה אחרת ויקרב לבעלים ולא לכהן אומר מה שבמעיה של זו עולה כלומר מקדיש אותו עד שלא יצא לאויר העולם שאם יצא כבר קדוש בבכורה מערימין. מערמה על הבכור שלא יהיה קדוש בקדושת בכור אלא בקדושה אחרת ויקרב לבעלים ולא לכהן אומר מה שבמעיה של זו עולה כלומר מקדיש אותו עד שלא יצא לאויר העולם שאם יצא כבר קדוש בבכורה מערימין. מערמה על הבכור שלא יהיה קדוש בקדושת בכור אלא בקדושה אחרת ויקרב לבעלים ולא לכהן אומר מה שבמעיה של זו עולה כלומר מקדיש אותו עד שלא יצא לאויר העולם שאם יצא כבר קדוש בבכורה מערימין. מערמה על הבכור שלא יהיה קדוש בקדושת בכור אלא בקדושה אחרת ויקרב לבעלים ולא לכהן אומר מה שבמעיה של זו עולה כלומר מקדיש אותו עד שלא יצא לאויר העולם שאם יצא כבר קדוש בבכורה מערימין. מערמה על הבכור שלא יהיה קדוש בקדושת בכור אלא בקדושה אחרת ויקרב לבעלים ולא לכהן אומר מה שבמעיה של זו עולה כלומר מקדיש אותו עד שלא יצא לאויר העולם שאם יצא כבר קדוש בבכורה מערימין. מערמה על הבכור שלא יהיה קדוש בקדושת בכור אלא בקדושה אחרת ויקרב לבעלים ולא לכהן אומר מה שבמעיה של זו עולה כלומר מקדיש אותו עד שלא יצא לאויר העולם שאם יצא כבר קדוש בבכורה מערימין. מערמה על הבכור שלא יהיה קדוש בקדושת בכור אלא בקדושה אחרת ויקרב לבעלים ולא לכהן אומר מה שבמעיה של זו עולה כלומר מקדיש אותו עד שלא יצא לאויר העולם שאם יצא כבר קדוש בבכורה מערימין. מערמה על הבכור שלא יהיה קדוש בקדושת בכור אלא בקדושה אחרת ויקרב לבעלים ולא לכהן אומר מה שבמעיה של זו עולה כלומר מקדיש אותו עד שלא יצא לאויר העולם שאם יצא כבר קדוש בבכורה מערימין. מערמה על הבכור שלא יהיה קדוש בקדושת בכור אלא בקדושה אחרת ויקרב לבעלים ולא לכהן אומר מה שבמעיה של זו עולה כלומר מקדיש אותו עד שלא יצא לאויר העולם שאם יצא כבר קדוש בבכורה מערימין. מערמה על הבכור שלא יהיה קדוש בקדושת בכור אלא בקדושה אחרת ויקרב לבעלים ולא לכהן אומר מה שבמעיה של זו עולה כלומר מקדיש אותו עד שלא יצא לאויר העולם שאם יצא כבר קדוש בבכורה מערימין. מערמה על הבכור שלא יהיה קדוש בקדושת בכור אלא בקדושה אחרת ויקרב לבעלים ולא לכהן אומר מה שבמעיה של זו עולה כלומר מקדיש אותו עד שלא יצא לאויר העולם שאם יצא כבר קדוש בבכורה מערימין. מערמה על הבכור שלא יהיה קדוש בקדושת בכור אלא בקדושה אחרת ויקרב לבעלים ולא לכהן אומר מה שבמעיה של זו עולה כלומר מקדיש אותו עד שלא יצא לאויר העולם שאם יצא כבר קדוש בבכורה מערימין. מערמה על הבכור שלא יהיה קדוש בקדושת בכור אלא בקדושה אחרת ויקרב לבעלים ולא לכהן אומר מה שבמעיה של זו עולה כלומר מקדיש אותו עד שלא יצא לאויר העולם שאם יצא כבר קדוש בבכורה מערימין. מערמה על הבכור שלא יהיה קדוש בקדושת בכור אלא בקדושה אחרת ויקרב לבעלים ולא לכהן אומר מה שבמעיה של זו עולה כלומר מקדיש אותו עד שלא יצא לאויר העולם שאם יצא כבר קדוש בבכורה מערימין. מערמה על הבכור שלא יהיה קדוש בקדושת בכור אלא בקדושה אחרת ויקרב לבעלים ולא לכהן אומר מה שבמעיה של זו עולה כלומר מקדיש אותו עד שלא יצא לאויר העולם שאם יצא כבר קדוש בבכורה מערימין. מערמה על הבכור שלא יהיה קדוש בקדושת בכור אלא בקדושה אחרת ויקרב לבעלים ולא לכהן אומר מה שבמעיה של זו עולה כלומר מקדיש אותו עד שלא יצא לאויר העולם שאם יצא כבר קדוש בבכורה מערימין. מערמה על הבכור שלא יהיה קדוש בקדושת בכור אלא בקדושה אחרת ויקרב לבעלים ולא לכהן אומר מה שבמעיה של זו עולה כלומר מקדיש אותו עד שלא יצא לאויר העולם שאם יצא כבר קדוש בבכורה מערימין. מערמה על הבכור שלא יהיה קדוש בקדושת בכור אלא בקדושה אחרת ויקרב לבעלים ולא לכהן אומר מה שבמעיה של זו עולה כלומר מקדיש אותו עד שלא יצא לאויר העולם שאם יצא כבר קדוש בבכורה מערימין. מערמה על הבכור שלא יהיה קדוש בקדושת בכור אלא בקדושה אחרת ויקרב לבעלים ולא לכהן אומר מה שבמעיה של זו עולה כלומר מקדיש אותו עד שלא יצא לאויר העולם שאם יצא כבר קדוש בבכורה מערימין. מערמה על הבכור שלא יהיה קדוש בקדושת בכור אלא בקדושה אחרת ויקרב לבעלים ולא לכהן אומר מה שבמעיה של זו עולה כלומר מקדיש אותו עד שלא יצא לאויר העולם שאם יצא כבר קדוש בבכורה
רבינו גרשום
מערימין. מערמה על הבכור שלא יהיה קדוש בקדושת בכור אלא בקדושה אחרת ויקרב לבעלים ולא לכהן אומר מה שבמעיה של זו עולה כלומר מקדיש אותו עד שלא יצא לאויר העולם שאם יצא כבר קדוש בבכורה מערימין. מערמה על הבכור שלא יהיה קדוש בקדושת בכור אלא בקדושה אחרת ויקרב לבעלים ולא לכהן אומר מה שבמעיה של זו עולה כלומר מקדיש אותו עד שלא יצא לאויר העולם שאם יצא כבר קדוש בבכורה מערימין. מערמה על הבכור שלא יהיה קדוש בקדושת בכור אלא בקדושה אחרת ויקרב לבעלים ולא לכהן אומר מה שבמעיה של זו עולה כלומר מקדיש אותו עד שלא יצא לאויר העולם שאם יצא כבר קדוש בבכורה מערימין. מערמה על הבכור שלא יהיה קדוש בקדושת בכור אלא בקדושה אחרת ויקרב לבעלים ולא לכהן אומר מה שבמעיה של זו עולה כלומר מקדיש אותו עד שלא יצא לאויר העולם שאם יצא כבר קדוש בבכורה מערימין. מערמה על הבכור שלא יהיה קדוש בקדושת בכור אלא בקדושה אחרת ויקרב לבעלים ולא לכהן אומר מה שבמעיה של זו עולה כלומר מקדיש אותו עד שלא יצא לאויר העולם שאם יצא כבר קדוש בבכורה מערימין. מערמה על הבכור שלא יהיה קדוש בקדושת בכור אלא בקדושה אחרת ויקרב לבעלים ולא לכהן אומר מה שבמעיה של זו עולה כלומר מקדיש אותו עד שלא יצא לאויר העולם שאם יצא כבר קדוש בבכורה מערימין. מערמה על הבכור שלא יהיה קדוש בקדושת בכור אלא בקדושה אחרת ויקרב לבעלים ולא לכהן אומר מה שבמעיה של זו עולה כלומר מקדיש אותו עד שלא יצא לאויר העולם שאם יצא כבר קדוש בבכורה מערימין. מערמה על הבכור שלא יהיה קדוש בקדושת בכור אלא בקדושה אחרת ויקרב לבעלים ולא לכהן אומר מה שבמעיה של זו עולה כלומר מקדיש אותו עד שלא יצא לאויר העולם שאם יצא כבר קדוש בבכורה מערימין. מערמה על הבכור שלא יהיה קדוש בקדושת בכור אלא בקדושה אחרת ויקרב לבעלים ולא לכהן אומר מה שבמעיה של זו עולה כלומר מקדיש אותו עד שלא יצא לאויר העולם שאם יצא כבר קדוש בבכורה מערימין. מערמה על הבכור שלא יהיה קדוש בקדושת בכור אלא בקדושה אחרת ויקרב לבעלים ולא לכהן אומר מה שבמעיה של זו עולה כלומר מקדיש אותו עד שלא יצא לאויר העולם שאם יצא כבר קדוש בבכורה מערימין. מערמה על הבכור שלא יהיה קדוש בקדושת בכור אלא בקדושה אחרת ויקרב לבעלים ולא לכהן אומר מה שבמעיה של זו עולה כלומר מקדיש אותו עד שלא יצא לאויר העולם שאם יצא כבר קדוש בבכורה מערימין. מערמה על הבכור שלא יהיה קדוש בקדושת בכור אלא בקדושה אחרת ויקרב לבעלים ולא לכהן אומר מה שבמעיה של זו עולה כלומר מקדיש אותו עד שלא יצא לאויר העולם שאם יצא כבר קדוש בבכורה מערימין. מערמה על הבכור שלא יהיה קדוש בקדושת בכור אלא בקדושה אחרת ויקרב לבעלים ולא לכהן אומר מה שבמעיה של זו עולה כלומר מקדיש אותו עד שלא יצא לאויר העולם שאם יצא כבר קדוש בבכורה מערימין. מערמה על הבכור שלא יהיה קדוש בקדושת בכור אלא בקדושה אחרת ויקרב לבעלים ולא לכהן אומר מה שבמעיה של זו עולה כלומר מקדיש אותו עד שלא יצא לאויר העולם שאם יצא כבר קדוש בבכורה מערימין. מערמה על הבכור שלא יהיה קדוש בקדושת בכור אלא בקדושה אחרת ויקרב לבעלים ולא לכהן אומר מה שבמעיה של זו עולה כלומר מקדיש אותו עד שלא יצא לאויר העולם שאם יצא כבר קדוש בבכורה מערימין. מערמה על הבכור שלא יהיה קדוש בקדושת בכור אלא בקדושה אחרת ויקרב לבעלים ולא לכהן אומר מה שבמעיה של זו עולה כלומר מקדיש אותו עד שלא יצא לאויר העולם שאם יצא כבר קדוש בבכורה מערימין. מערמה על הבכור שלא יהיה קדוש בקדושת בכור אלא בקדושה אחרת ויקרב לבעלים ולא לכהן אומר מה שבמעיה של זו עולה כלומר מקדיש אותו עד שלא יצא לאויר העולם שאם יצא כבר קדוש בבכורה מערימין. מערמה על הבכור שלא יהיה קדוש בקדושת בכור אלא בקדושה אחרת ויקרב לבעלים ולא לכהן אומר מה שבמעיה של זו עולה כלומר מקדיש אותו עד שלא יצא לאויר העולם שאם יצא כבר קדוש בבכורה מערימין. מערמה על הבכור שלא יהיה קדוש בקדושת בכור אלא בקדושה אחרת ויקרב לבעלים ולא לכהן אומר מה שבמעיה של זו עולה כלומר מקדיש אותו עד שלא יצא לאויר העולם שאם יצא כבר קדוש בבכורה מערימין. מערמה על הבכור שלא יהיה קדוש בקדושת בכור אלא בקדושה אחרת ויקרב לבעלים ולא לכהן אומר מה שבמעיה של זו עולה כלומר מקדיש אותו עד שלא יצא לאויר העולם שאם יצא כבר קדוש בבכורה מערימין. מערמה על הבכור שלא יהיה קדוש בקדושת בכור אלא בקדושה אחרת ויקרב לבעלים ולא לכהן אומר מה שבמעיה של זו עולה כלומר מקדיש אותו עד שלא יצא לאויר העולם שאם יצא כבר קדוש בבכורה מערימין. מערמה על הבכור שלא יהיה קדוש בקדושת בכור אלא בקדושה אחרת ויקרב לבעלים ולא לכהן אומר מה שבמעיה של זו עולה כלומר מקדיש אותו עד שלא יצא לאויר העולם שאם יצא כבר קדוש בבכורה מערימין. מערמה על הבכור שלא יהיה קדוש בקדושת בכור אלא בקדושה אחרת ויקרב לבעלים ולא לכהן אומר מה שבמעיה של זו עולה כלומר מקדיש אותו עד שלא יצא לאויר העולם שאם יצא כבר קדוש בבכורה מערימין. מערמה על הבכור שלא יהיה קדוש בקדושת בכור אלא בקדושה אחרת ויקרב לבעלים ולא לכהן אומר מה שבמעיה של זו עולה כלומר מקדיש אותו עד שלא יצא לאויר העולם שאם יצא כבר קדוש בבכורה מערימין. מערמה על הבכור שלא יהיה קדוש בקדושת בכור אלא בקדושה אחרת ויקרב לבעלים ולא לכהן אומר מה שבמעיה של זו עולה כלומר מקדיש אותו עד שלא יצא לאויר העולם שאם יצא כבר קדוש בבכורה מערימין. מערמה על הבכור שלא יהיה קדוש בקדושת בכור אלא בקדושה אחרת ויקרב לבעלים ולא לכהן אומר מה שבמעיה של זו עולה כלומר מקדיש אותו עד שלא יצא לאויר העולם שאם יצא כבר קדוש בבכורה מערימין. מערמה על הבכור שלא יהיה קדוש בקדושת בכור אלא בקדושה אחרת ויקרב לבעלים ולא לכהן אומר מה שבמעיה של זו עולה כלומר מקדיש אותו עד שלא יצא לאויר העולם שאם יצא כבר קדוש בבכורה מערימין. מערמה על הבכור שלא יהיה קדוש בקדושת בכור אלא בקדושה אחרת ויקרב לבעלים ולא לכהן אומר מה שבמעיה של זו עולה כלומר מקדיש אותו עד שלא יצא לאויר העולם שאם יצא כבר קדוש בבכורה מערימין. מערמה על הבכור שלא יהיה קדוש בקדושת בכור אלא בקדושה אחרת ויקרב לבעלים ולא לכהן אומר מה שבמעיה של זו עולה כלומר מקדיש אותו עד שלא יצא לאויר העולם שאם יצא כבר קדוש בבכורה מערימין. מערמה על הבכור שלא יהיה קדוש בקדושת בכור אלא בקדושה אחרת ויקרב לבעלים ולא לכהן אומר מה שבמעיה של זו עולה כלומר מקדיש אותו עד שלא יצא לאויר העולם שאם יצא כבר קדוש בבכורה
הדרן עלך ולד חטאת
א) בכורות כה. ב) לקמן כה: ג) זבחים עה. ד) נזיר כה. ה) [ע״ש] ו) חולין סט. א) בכורות כה. ב) לקמן כה: ג) זבחים עה. ד) נזיר כה. ה) [ע״ש] ו) חולין סט. א) בכורות כה. ב) לקמן כה: ג) זבחים עה. ד) נזיר כה. ה) [ע״ש] ו) חולין סט. א) בכורות כה. ב) לקמן כה: ג) זבחים עה. ד) נזיר כה. ה) [ע״ש] ו) חולין סט. א) בכורות כה. ב) לקמן כה: ג) זבחים עה. ד) נזיר כה. ה) [ע״ש] ו) חולין סט. א) בכורות כה. ב) לקמן כה: ג) זבחים עה. ד) נזיר כה. ה) [ע״ש] ו) חולין סט. א) בכורות כה. ב) לקמן כה: ג) זבחים עה. ד) נזיר כה. ה) [ע״ש] ו) חולין סט. א) בכורות כה. ב) לקמן כה: ג) זבחים עה. ד) נזיר כה. ה) [ע״ש] ו) חולין סט. א) בכורות כה. ב) לקמן כה: ג) זבחים עה. ד) נזיר כה. ה) [ע״ש] ו) חולין סט. א) בכורות כה. ב) לקמן כה: ג) זבחים עה. ד) נזיר כה. ה) [ע״ש] ו) חולין סט. א) בכורות כה. ב) לקמן כה: ג) זבחים עה. ד) נזיר כה. ה) [ע״ש] ו) חולין סט. א) בכורות כה. ב) לקמן כה: ג) זבחים עה. ד) נזיר כה. ה) [ע״ש] ו) חולין סט. א) בכורות כה. ב) לקמן כה: ג) זבחים עה. ד) נזיר כה. ה) [ע״ש] ו) חולין סט. א) בכורות כה. ב) לקמן כה: ג) זבחים עה. ד) נזיר כה. ה) [ע״ש] ו) חולין סט. א) בכורות כה. ב) לקמן כה: ג) זבחים עה. ד) נזיר כה. ה) [ע״ש] ו) חולין סט. א) בכורות כה. ב) לקמן כה: ג) זבחים עה. ד) נזיר כה. ה) [ע״ש] ו) חולין סט. א) בכורות כה. ב) לקמן כה: ג) זבחים עה. ד) נזיר כה. ה) [ע״ש] ו) חולין סט. א) בכורות כה. ב) לקמן כה: ג) זבחים עה. ד) נזיר כה. ה) [ע״ש] ו) חולין סט. א) בכורות כה. ב) לקמן כה: ג) זבחים עה. ד) נזיר כה. ה) [ע״ש] ו) חולין סט. א) בכורות כה. ב) לקמן כה: ג) זבחים עה. ד) נזיר כה. ה) [ע״ש] ו) חולין סט. א) בכורות כה. ב) לקמן כה: ג) זבחים עה. ד) נזיר כה. ה) [ע״ש] ו) חולין סט. א) בכורות כה. ב) לקמן כה: ג) זבחים עה. ד) נזיר כה. ה) [ע״ש] ו) חולין סט. א) בכורות כה. ב) לקמן כה: ג) זבחים עה. ד) נזיר כה. ה) [ע״ש] ו) חולין סט. א) בכורות כה. ב) לקמן כה: ג) זבחים עה. ד) נזיר כה. ה) [ע״ש] ו) חולין סט. א) בכורות כה. ב) לקמן כה: ג) זבחים עה. ד) נזיר כה. ה) [ע״ש] ו) חולין סט. א) בכורות כה. ב) לקמן כה: ג) זבחים עה. ד) נזיר כה. ה) [ע״ש] ו) חולין סט. א) בכורות כה. ב) לקמן כה: ג) זבחים עה. ד) נזיר כה. ה) [ע״ש] ו) חולין סט. א) בכורות כה. ב) לקמן כה: ג) זבחים עה. ד) נזיר כה. ה) [ע״ש] ו) חולין סט. א) בכורות כה. ב) לקמן כה: ג) זבחים עה. ד) נזיר כה. ה) [ע״ש] ו) חולין סט. א) בכורות כה. ב) לקמן כה: ג) זבחים עה. ד) נזיר כה. ה) [ע״ש] ו) חולין סט. א) בכורות כה. ב) לקמן כה: ג) זבחים עה. ד) נזיר כה. ה) [ע״ש] ו) חולין סט. א) בכורות כה. ב) לקמן כה: ג) זבחים עה. ד) נזיר כה. ה) [ע״ש] ו) חולין סט. א) בכורות כה. ב) לקמן כה: ג) זבחים עה. ד) נזיר כה. ה) [ע״ש] ו) חולין סט. א) בכורות כה. ב) לקמן כה: ג) זבחים עה. ד) נזיר כה. ה) [ע״ש] ו) חולין סט. א) בכורות כה. ב) לקמן כה: ג) זבחים עה. ד) נזיר כה. ה) [ע״ש] ו) חולין סט. א) בכורות כה. ב) לקמן כה: ג) זבחים עה. ד) נזיר כה. ה) [ע״ש] ו) חולין סט. א) בכורות כה. ב) לקמן כה: ג) זבחים עה. ד) נזיר כה. ה) [ע״ש] ו) חולין סט. א) בכורות כה. ב) לקמן כה: ג) זבחים עה. ד) נזיר כה. ה) [ע״ש] ו) חולין סט. א) בכורות כה. ב) לקמן כה: ג) זבחים עה. ד) נזיר כה. ה) [ע״ש] ו) חולין סט. א) בכורות כה. ב) לקמן כה: ג) זבחים עה. ד) נזיר כה. ה) [ע״ש] ו) חולין סט. א) בכורות כה. ב) לקמן כה: ג) זבחים עה. ד) נזיר כה. ה) [ע״ש] ו) חולין סט. א) בכורות כה. ב) לקמן כה: ג) זבחים עה. ד) נזיר כה. ה) [ע״ש] ו) חולין סט. א) בכורות כה. ב) לקמן כה: ג) זבחים עה. ד) נזיר כה. ה) [ע״ש] ו) חולין סט. א) בכורות כה. ב) לקמן כה: ג) זבחים עה. ד) נזיר כה. ה) [ע״ש] ו) חולין סט. א) בכורות כה. ב) לקמן כה: ג) זבחים עה. ד) נזיר כה. ה) [ע״ש] ו) חולין סט. א) בכורות כה. ב) לקמן כה: ג) זבחים עה. ד) נזיר כה. ה) [ע״ש] ו) חולין סט. א) בכורות כה. ב) לקמן כה: ג) זבחים עה. ד) נזיר כה. ה) [ע״ש] ו) חולין סט. א) בכורות כה. ב) לקמן כה: ג) זבחים עה. ד) נזיר כה. ה) [ע״ש] ו) חולין סט. א) בכורות כה. ב) לקמן כה: ג) זבחים עה. ד) נזיר כה. ה) [ע״ש] ו) חולין סט. א) בכורות כה. ב) לקמן כה: ג) זבחים עה. ד) נזיר כה. ה) [ע״ש] ו) חולין סט. א) בכורות כה. ב) לקמן כה: ג) זבחים עה. ד) נזיר כה. ה) [ע״ש] ו) חולין סט. א) בכורות כה. ב) לקמן כה: ג) זבחים עה. ד) נזיר כה. ה) [ע״ש] ו) חולין סט. א) בכורות כה. ב) לקמן כה: ג) זבחים עה. ד) נזיר כה. ה) [ע״ש] ו) חולין סט. א) בכורות כה. ב) לקמן כה: ג) זבחים עה. ד) נזיר כה. ה) [ע״ש] ו) חולין סט. א) בכורות כה. ב) לקמן כה: ג) זבחים עה. ד) נזיר כה. ה) [ע״ש] ו) חולין סט. א) בכורות כה. ב) לקמן כה: ג) זבחים עה. ד) נזיר כה. ה) [ע״ש] ו) חולין סט. א) בכורות כה. ב) לקמן כה: ג) זבחים עה. ד) נזיר כה. ה) [ע״ש] ו) חולין סט. א) בכורות כה. ב) לקמן כה: ג) זבחים עה. ד) נזיר כה. ה) [ע״ש] ו) חולין סט. א) בכורות כה. ב) לקמן כה: ג) זבחים עה. ד) נזיר כה. ה) [ע״ש] ו) חולין סט. א) בכורות כה. ב) לקמן כה: ג) זבחים עה. ד) נזיר כה. ה) [ע״ש] ו) חולין סט.
עין משפט נר מצוה
כב
ולד חטאת פרק רביעי תמורה
מסורת הש"ס
ד מיי׳ פ״ד מהל׳ פסולי המוקדשין הלכה ה ה מיי׳ שם הלכה ו ו מיי׳ פ״ב מהל׳ ד מיי׳ פ״ד מהל׳ פסולי המוקדשין הלכה ה ה מיי׳ שם הלכה ו ו מיי׳ פ״ב מהל׳ ד מיי׳ פ״ד מהל׳ פסולי המוקדשין הלכה ה ה מיי׳ שם הלכה ו ו מיי׳ פ״ב מהל׳ ד מיי׳ פ״ד מהל׳ פסולי המוקדשין הלכה ה ה מיי׳ שם הלכה ו ו מיי׳ פ״ב מהל׳ ד מיי׳ פ״ד מהל׳ פסולי המוקדשין הלכה ה ה מיי׳ שם הלכה ו ו מיי׳ פ״ב מהל׳ ד מיי׳ פ״ד מהל׳ פסולי המוקדשין הלכה ה ה מיי׳ שם הלכה ו ו מיי׳ פ״ב מהל׳ ד מיי׳ פ״ד מהל׳ פסולי המוקדשין הלכה ה ה מיי׳ שם הלכה ו ו מיי׳ פ״ב מהל׳ ד מיי׳ פ״ד מהל׳ פסולי המוקדשין הלכה ה ה מיי׳ שם הלכה ו ו מיי׳ פ״ב מהל׳ ד מיי׳ פ״ד מהל׳ פסולי המוקדשין הלכה ה ה מיי׳ שם הלכה ו ו מיי׳ פ״ב מהל׳ ד מיי׳ פ״ד מהל׳ פסולי המוקדשין הלכה ה ה מיי׳ שם הלכה ו ו מיי׳ פ״ב מהל׳ ד מיי׳ פ״ד מהל׳ פסולי המוקדשין הלכה ה ה מיי׳ שם הלכה ו ו מיי׳ פ״ב מהל׳ ד מיי׳ פ״ד מהל׳ פסולי המוקדשין הלכה ה ה מיי׳ שם הלכה ו ו מיי׳ פ״ב מהל׳ ד מיי׳ פ״ד מהל׳ פסולי המוקדשין הלכה ה ה מיי׳ שם הלכה ו ו מיי׳ פ״ב מהל׳ ד מיי׳ פ״ד מהל׳ פסולי המוקדשין הלכה ה ה מיי׳ שם הלכה ו ו מיי׳ פ״ב מהל׳ ד מיי׳ פ״ד מהל׳ פסולי המוקדשין הלכה ה ה מיי׳ שם הלכה ו ו מיי׳ פ״ב מהל׳ ד מיי׳ פ״ד מהל׳ פסולי המוקדשין הלכה ה ה מיי׳ שם הלכה ו ו מיי׳ פ״ב מהל׳ ד מיי׳ פ״ד מהל׳ פסולי המוקדשין הלכה ה ה מיי׳ שם הלכה ו ו מיי׳ פ״ב מהל׳ ד מיי׳ פ״ד מהל׳ פסולי המוקדשין הלכה ה ה מיי׳ שם הלכה ו ו מיי׳ פ״ב מהל׳ ד מיי׳ פ״ד מהל׳ פסולי המוקדשין הלכה ה ה מיי׳ שם הלכה ו ו מיי׳ פ״ב מהל׳ ד מיי׳ פ״ד מהל׳ פסולי המוקדשין הלכה ה ה מיי׳ שם הלכה ו ו מיי׳ פ״ב מהל׳ ד מיי׳ פ״ד מהל׳ פסולי המוקדשין הלכה ה ה מיי׳ שם הלכה ו ו מיי׳ פ״ב מהל׳ ד מיי׳ פ״ד מהל׳ פסולי המוקדשין הלכה ה ה מיי׳ שם הלכה ו ו מיי׳ פ״ב מהל׳ ד מיי׳ פ״ד מהל׳ פסולי המוקדשין הלכה ה ה מיי׳ שם הלכה ו ו מיי׳ פ״ב מהל׳ ד מיי׳ פ״ד מהל׳ פסולי המוקדשין הלכה ה ה מיי׳ שם הלכה ו ו מיי׳ פ״ב מהל׳ ד מיי׳ פ״ד מהל׳ פסולי המוקדשין הלכה ה ה מיי׳ שם הלכה ו ו מיי׳ פ״ב מהל׳ ד מיי׳ פ״ד מהל׳ פסולי המוקדשין הלכה ה ה מיי׳ שם הלכה ו ו מיי׳ פ״ב מהל׳ ד מיי׳ פ״ד מהל׳ פסולי המוקדשין הלכה ה ה מיי׳ שם הלכה ו ו מיי׳ פ״ב מהל׳ ד מיי׳ פ״ד מהל׳ פסולי המוקדשין הלכה ה ה מיי׳ שם הלכה ו ו מיי׳ פ״ב מהל׳ ד מיי׳ פ״ד מהל׳ פסולי המוקדשין הלכה ה ה מיי׳ שם הלכה ו ו מיי׳ פ״ב מהל׳ ד מיי׳ פ״ד מהל׳ פסולי המוקדשין הלכה ה ה מיי׳ שם הלכה ו ו מיי׳ פ״ב מהל׳ ד מיי׳ פ״ד מהל׳ פסולי המוקדשין הלכה ה ה מיי׳ שם הלכה ו ו מיי׳ פ״ב מהל׳ ד מיי׳ פ״ד מהל׳ פסולי המוקדשין הלכה ה ה מיי׳ שם הלכה ו ו מיי׳ פ״ב מהל׳ ד מיי׳ פ״ד מהל׳ פסולי המוקדשין הלכה ה ה מיי׳ שם הלכה ו ו מיי׳ פ״ב מהל׳ ד מיי׳ פ״ד מהל׳ פסולי המוקדשין הלכה ה ה מיי׳ שם הלכה ו ו מיי׳ פ״ב מהל׳ ד מיי׳ פ״ד מהל׳ פסולי המוקדשין הלכה ה ה מיי׳ שם הלכה ו ו מיי׳ פ״ב מהל׳ ד מיי׳ פ״ד מהל׳ פסולי המוקדשין הלכה ה ה מיי׳ שם הלכה ו ו מיי׳ פ״ב מהל׳ ד מיי׳ פ״ד מהל׳ פסולי המוקדשין הלכה ה ה מיי׳ שם הלכה ו ו מיי׳ פ״ב מהל׳ ד מיי׳ פ״ד מהל׳ פסולי המוקדשין הלכה ה ה מיי׳ שם הלכה ו ו מיי׳ פ״ב מהל׳ ד מיי׳ פ״ד מהל׳ פסולי המוקדשין הלכה ה ה מיי׳ שם הלכה ו ו מיי׳ פ״ב מהל׳ ד מיי׳ פ״ד מהל׳ פסולי המוקדשין הלכה ה ה מיי׳ שם הלכה ו ו מיי׳ פ״ב מהל׳ ד מיי׳ פ״ד מהל׳ פסולי המוקדשין הלכה ה ה מיי׳ שם הלכה ו ו מיי׳ פ״ב מהל׳ ד מיי׳ פ״ד מהל׳ פסולי המוקדשין הלכה ה ה מיי׳ שם הלכה ו ו מיי׳ פ״ב מהל׳ ד מיי׳ פ״ד מהל׳ פסולי המוקדשין הלכה ה ה מיי׳ שם הלכה ו ו מיי׳ פ״ב מהל׳ ד מיי׳ פ״ד מהל׳ פסולי המוקדשין הלכה ה ה מיי׳ שם הלכה ו ו מיי׳ פ״ב מהל׳ ד מיי׳ פ״ד מהל׳ פסולי המוקדשין הלכה ה ה מיי׳ שם הלכה ו ו מיי׳ פ״ב מהל׳ ד מיי׳ פ״ד מהל׳ פסולי המוקדשין הלכה ה ה מיי׳ שם הלכה ו ו מיי׳ פ״ב מהל׳ ד מיי׳ פ״ד מהל׳ פסולי המוקדשין הלכה ה ה מיי׳ שם הלכה ו ו מיי׳ פ״ב מהל׳ ד מיי׳ פ״ד מהל׳ פסולי המוקדשין הלכה ה ה מיי׳ שם הלכה ו ו מיי׳ פ״ב מהל׳ ד מיי׳ פ״ד מהל׳ פסולי המוקדשין הלכה ה ה מיי׳ שם הלכה ו ו מיי׳ פ״ב מהל׳ ד מיי׳ פ״ד מהל׳ פסולי המוקדשין הלכה ה ה מיי׳ שם הלכה ו ו מיי׳ פ״ב מהל׳ ד מיי׳ פ״ד מהל׳ פסולי המוקדשין הלכה ה ה מיי׳ שם הלכה ו ו מיי׳ פ״ב מהל׳ ד מיי׳ פ״ד מהל׳ פסולי המוקדשין הלכה ה ה מיי׳ שם הלכה ו ו מיי׳ פ״ב מהל׳ ד מיי׳ פ״ד מהל׳ פסולי המוקדשין הלכה ה ה מיי׳ שם הלכה ו ו מיי׳ פ״ב מהל׳ ד מיי׳ פ״ד מהל׳ פסולי המוקדשין הלכה ה ה מיי׳ שם הלכה ו ו מיי׳ פ״ב מהל׳ ד מיי׳ פ״ד מהל׳ פסולי המוקדשין הלכה ה ה מיי׳ שם הלכה ו ו מיי׳ פ״ב מהל׳ ד מיי׳ פ״ד מהל׳ פסולי המוקדשין הלכה ה ה מיי׳ שם הלכה ו ו מיי׳ פ״ב מהל׳ ד מיי׳ פ״ד מהל׳ פסולי המוקדשין הלכה ה ה מיי׳ שם הלכה ו ו מיי׳ פ״ב מהל׳ ד מיי׳ פ״ד מהל׳ פסולי המוקדשין הלכה ה ה מיי׳ שם הלכה ו ו מיי׳ פ״ב מהל׳ ד מיי׳ פ״ד מהל׳ פסולי המוקדשין הלכה ה ה מיי׳ שם הלכה ו ו מיי׳ פ״ב מהל׳ ד מיי׳ פ״ד מהל׳ פסולי המוקדשין הלכה ה ה מיי׳ שם הלכה ו ו מיי׳ פ״ב מהל׳
הגהות הגר״א
אבל בתרי סרדי לא. פירוש בשני בני אדם שהפרישו שתי חטאות לאחריות דכיון דלא אפשר דהאי ינהוג בהדיה ולמימר ליה אבל בתרי סרדי לא. פירוש בשני בני אדם שהפרישו שתי חטאות לאחריות דכיון דלא אפשר דהאי ינהוג בהדיה ולמימר ליה אבל בתרי סרדי לא. פירוש בשני בני אדם שהפרישו שתי חטאות לאחריות דכיון דלא אפשר דהאי ינהוג בהדיה ולמימר ליה אבל בתרי סרדי לא. פירוש בשני בני אדם שהפרישו שתי חטאות לאחריות דכיון דלא אפשר דהאי ינהוג בהדיה ולמימר ליה אבל בתרי סרדי לא. פירוש בשני בני אדם שהפרישו שתי חטאות לאחריות דכיון דלא אפשר דהאי ינהוג בהדיה ולמימר ליה אבל בתרי סרדי לא. פירוש בשני בני אדם שהפרישו שתי חטאות לאחריות דכיון דלא אפשר דהאי ינהוג בהדיה ולמימר ליה אבל בתרי סרדי לא. פירוש בשני בני אדם שהפרישו שתי חטאות לאחריות דכיון דלא אפשר דהאי ינהוג בהדיה ולמימר ליה אבל בתרי סרדי לא. פירוש בשני בני אדם שהפרישו שתי חטאות לאחריות דכיון דלא אפשר דהאי ינהוג בהדיה ולמימר ליה אבל בתרי סרדי לא. פירוש בשני בני אדם שהפרישו שתי חטאות לאחריות דכיון דלא אפשר דהאי ינהוג בהדיה ולמימר ליה אבל בתרי סרדי לא. פירוש בשני בני אדם שהפרישו שתי חטאות לאחריות דכיון דלא אפשר דהאי ינהוג בהדיה ולמימר ליה אבל בתרי סרדי לא. פירוש בשני בני אדם שהפרישו שתי חטאות לאחריות דכיון דלא אפשר דהאי ינהוג בהדיה ולמימר ליה אבל בתרי סרדי לא. פירוש בשני בני אדם שהפרישו שתי חטאות לאחריות דכיון דלא אפשר דהאי ינהוג בהדיה ולמימר ליה אבל בתרי סרדי לא. פירוש בשני בני אדם שהפרישו שתי חטאות לאחריות דכיון דלא אפשר דהאי ינהוג בהדיה ולמימר ליה אבל בתרי סרדי לא. פירוש בשני בני אדם שהפרישו שתי חטאות לאחריות דכיון דלא אפשר דהאי ינהוג בהדיה ולמימר ליה אבל בתרי סרדי לא. פירוש בשני בני אדם שהפרישו שתי חטאות לאחריות דכיון דלא אפשר דהאי ינהוג בהדיה ולמימר ליה אבל בתרי סרדי לא. פירוש בשני בני אדם שהפרישו שתי חטאות לאחריות דכיון דלא אפשר דהאי ינהוג בהדיה ולמימר ליה אבל בתרי סרדי לא. פירוש בשני בני אדם שהפרישו שתי חטאות לאחריות דכיון דלא אפשר דהאי ינהוג בהדיה ולמימר ליה אבל בתרי סרדי לא. פירוש בשני בני אדם שהפרישו שתי חטאות לאחריות דכיון דלא אפשר דהאי ינהוג בהדיה ולמימר ליה אבל בתרי סרדי לא. פירוש בשני בני אדם שהפרישו שתי חטאות לאחריות דכיון דלא אפשר דהאי ינהוג בהדיה ולמימר ליה אבל בתרי סרדי לא. פירוש בשני בני אדם שהפרישו שתי חטאות לאחריות דכיון דלא אפשר דהאי ינהוג בהדיה ולמימר ליה אבל בתרי סרדי לא. פירוש בשני בני אדם שהפרישו שתי חטאות לאחריות דכיון דלא אפשר דהאי ינהוג בהדיה ולמימר ליה אבל בתרי סרדי לא. פירוש בשני בני אדם שהפרישו שתי חטאות לאחריות דכיון דלא אפשר דהאי ינהוג בהדיה ולמימר ליה אבל בתרי סרדי לא. פירוש בשני בני אדם שהפרישו שתי חטאות לאחריות דכיון דלא אפשר דהאי ינהוג בהדיה ולמימר ליה אבל בתרי סרדי לא. פירוש בשני בני אדם שהפרישו שתי חטאות לאחריות דכיון דלא אפשר דהאי ינהוג בהדיה ולמימר ליה אבל בתרי סרדי לא. פירוש בשני בני אדם שהפרישו שתי חטאות לאחריות דכיון דלא אפשר דהאי ינהוג בהדיה ולמימר ליה אבל בתרי סרדי לא. פירוש בשני בני אדם שהפרישו שתי חטאות לאחריות דכיון דלא אפשר דהאי ינהוג בהדיה ולמימר ליה אבל בתרי סרדי לא. פירוש בשני בני אדם שהפרישו שתי חטאות לאחריות דכיון דלא אפשר דהאי ינהוג בהדיה ולמימר ליה אבל בתרי סרדי לא. פירוש בשני בני אדם שהפרישו שתי חטאות לאחריות דכיון דלא אפשר דהאי ינהוג בהדיה ולמימר ליה אבל בתרי סרדי לא. פירוש בשני בני אדם שהפרישו שתי חטאות לאחריות דכיון דלא אפשר דהאי ינהוג בהדיה ולמימר ליה אבל בתרי סרדי לא. פירוש בשני בני אדם שהפרישו שתי חטאות לאחריות דכיון דלא אפשר דהאי ינהוג בהדיה ולמימר ליה אבל בתרי סרדי לא. פירוש בשני בני אדם שהפרישו שתי חטאות לאחריות דכיון דלא אפשר דהאי ינהוג בהדיה ולמימר ליה אבל בתרי סרדי לא. פירוש בשני בני אדם שהפרישו שתי חטאות לאחריות דכיון דלא אפשר דהאי ינהוג בהדיה ולמימר ליה אבל בתרי סרדי לא. פירוש בשני בני אדם שהפרישו שתי חטאות לאחריות דכיון דלא אפשר דהאי ינהוג בהדיה ולמימר ליה אבל בתרי סרדי לא. פירוש בשני בני אדם שהפרישו שתי חטאות לאחריות דכיון דלא אפשר דהאי ינהוג בהדיה ולמימר ליה אבל בתרי סרדי לא. פירוש בשני בני אדם שהפרישו שתי חטאות לאחריות דכיון דלא אפשר דהאי ינהוג בהדיה ולמימר ליה אבל בתרי סרדי לא. פירוש בשני בני אדם שהפרישו שתי חטאות לאחריות דכיון דלא אפשר דהאי ינהוג בהדיה ולמימר ליה אבל בתרי סרדי לא. פירוש בשני בני אדם שהפרישו שתי חטאות לאחריות דכיון דלא אפשר דהאי ינהוג בהדיה ולמימר ליה אבל בתרי סרדי לא. פירוש בשני בני אדם שהפרישו שתי חטאות לאחריות דכיון דלא אפשר דהאי ינהוג בהדיה ולמימר ליה אבל בתרי סרדי לא. פירוש בשני בני אדם שהפרישו שתי חטאות לאחריות דכיון דלא אפשר דהאי ינהוג בהדיה ולמימר ליה אבל בתרי סרדי לא. פירוש בשני בני אדם שהפרישו שתי חטאות לאחריות דכיון דלא אפשר דהאי ינהוג בהדיה ולמימר ליה אבל בתרי סרדי לא. פירוש בשני בני אדם שהפרישו שתי חטאות לאחריות דכיון דלא אפשר דהאי ינהוג בהדיה ולמימר ליה אבל בתרי סרדי לא. פירוש בשני בני אדם שהפרישו שתי חטאות לאחריות דכיון דלא אפשר דהאי ינהוג בהדיה ולמימר ליה אבל בתרי סרדי לא. פירוש בשני בני אדם שהפרישו שתי חטאות לאחריות דכיון דלא אפשר דהאי ינהוג בהדיה ולמימר ליה אבל בתרי סרדי לא. פירוש בשני בני אדם שהפרישו שתי חטאות לאחריות דכיון דלא אפשר דהאי ינהוג בהדיה ולמימר ליה אבל בתרי סרדי לא. פירוש בשני בני אדם שהפרישו שתי חטאות לאחריות דכיון דלא אפשר דהאי ינהוג בהדיה ולמימר ליה אבל בתרי סרדי לא. פירוש בשני בני אדם שהפרישו שתי חטאות לאחריות דכיון דלא אפשר דהאי ינהוג בהדיה ולמימר ליה אבל בתרי סרדי לא. פירוש בשני בני אדם שהפרישו שתי חטאות לאחריות דכיון דלא אפשר דהאי ינהוג בהדיה ולמימר ליה אבל בתרי סרדי לא. פירוש בשני בני אדם שהפרישו שתי חטאות לאחריות דכיון דלא אפשר דהאי ינהוג בהדיה ולמימר ליה אבל בתרי סרדי לא. פירוש בשני בני אדם שהפרישו שתי חטאות לאחריות דכיון דלא אפשר דהאי ינהוג בהדיה ולמימר ליה אבל בתרי סרדי לא. פירוש בשני בני אדם שהפרישו שתי חטאות לאחריות דכיון דלא אפשר דהאי ינהוג בהדיה ולמימר ליה
ואידך אבל בתרי סרדי לא קמ״ל אמר ר׳ הושעיא המפריש שתי חטאות לאחריות מתכפר באחת מהן והשניה תרעה אליבא דרבנן השתא המפריש אלימא אליבא דרבנן השתא המפריש לאחר שנתכפר מתה אלא אליבא דרבי דאמר מלאכתך שנתכפר בה אמר רבי אלעזר חטאת שאבדה ונמצאת בעלת מום ומביא אחרת תחתיה
מתכפר באחת מהן. דאחריות מועיל ואותה שנשארה תרעה עד שיסתאב ולא תמות דהוי כמפריש לאחריות שנתכפר באחרת ורועה דהלכה למשה מסיני היא בחמש חטאות מתות מתכפר באחת מהן. דאחריות מועיל ואותה שנשארה תרעה עד שיסתאב ולא תמות דהוי כמפריש לאחריות שנתכפר באחרת ורועה דהלכה למשה מסיני היא בחמש חטאות מתות מתכפר באחת מהן. דאחריות מועיל ואותה שנשארה תרעה עד שיסתאב ולא תמות דהוי כמפריש לאחריות שנתכפר באחרת ורועה דהלכה למשה מסיני היא בחמש חטאות מתות מתכפר באחת מהן. דאחריות מועיל ואותה שנשארה תרעה עד שיסתאב ולא תמות דהוי כמפריש לאחריות שנתכפר באחרת ורועה דהלכה למשה מסיני היא בחמש חטאות מתות מתכפר באחת מהן. דאחריות מועיל ואותה שנשארה תרעה עד שיסתאב ולא תמות דהוי כמפריש לאחריות שנתכפר באחרת ורועה דהלכה למשה מסיני היא בחמש חטאות מתות מתכפר באחת מהן. דאחריות מועיל ואותה שנשארה תרעה עד שיסתאב ולא תמות דהוי כמפריש לאחריות שנתכפר באחרת ורועה דהלכה למשה מסיני היא בחמש חטאות מתות מתכפר באחת מהן. דאחריות מועיל ואותה שנשארה תרעה עד שיסתאב ולא תמות דהוי כמפריש לאחריות שנתכפר באחרת ורועה דהלכה למשה מסיני היא בחמש חטאות מתות מתכפר באחת מהן. דאחריות מועיל ואותה שנשארה תרעה עד שיסתאב ולא תמות דהוי כמפריש לאחריות שנתכפר באחרת ורועה דהלכה למשה מסיני היא בחמש חטאות מתות מתכפר באחת מהן. דאחריות מועיל ואותה שנשארה תרעה עד שיסתאב ולא תמות דהוי כמפריש לאחריות שנתכפר באחרת ורועה דהלכה למשה מסיני היא בחמש חטאות מתות מתכפר באחת מהן. דאחריות מועיל ואותה שנשארה תרעה עד שיסתאב ולא תמות דהוי כמפריש לאחריות שנתכפר באחרת ורועה דהלכה למשה מסיני היא בחמש חטאות מתות מתכפר באחת מהן. דאחריות מועיל ואותה שנשארה תרעה עד שיסתאב ולא תמות דהוי כמפריש לאחריות שנתכפר באחרת ורועה דהלכה למשה מסיני היא בחמש חטאות מתות מתכפר באחת מהן. דאחריות מועיל ואותה שנשארה תרעה עד שיסתאב ולא תמות דהוי כמפריש לאחריות שנתכפר באחרת ורועה דהלכה למשה מסיני היא בחמש חטאות מתות מתכפר באחת מהן. דאחריות מועיל ואותה שנשארה תרעה עד שיסתאב ולא תמות דהוי כמפריש לאחריות שנתכפר באחרת ורועה דהלכה למשה מסיני היא בחמש חטאות מתות מתכפר באחת מהן. דאחריות מועיל ואותה שנשארה תרעה עד שיסתאב ולא תמות דהוי כמפריש לאחריות שנתכפר באחרת ורועה דהלכה למשה מסיני היא בחמש חטאות מתות מתכפר באחת מהן. דאחריות מועיל ואותה שנשארה תרעה עד שיסתאב ולא תמות דהוי כמפריש לאחריות שנתכפר באחרת ורועה דהלכה למשה מסיני היא בחמש חטאות מתות מתכפר באחת מהן. דאחריות מועיל ואותה שנשארה תרעה עד שיסתאב ולא תמות דהוי כמפריש לאחריות שנתכפר באחרת ורועה דהלכה למשה מסיני היא בחמש חטאות מתות מתכפר באחת מהן. דאחריות מועיל ואותה שנשארה תרעה עד שיסתאב ולא תמות דהוי כמפריש לאחריות שנתכפר באחרת ורועה דהלכה למשה מסיני היא בחמש חטאות מתות מתכפר באחת מהן. דאחריות מועיל ואותה שנשארה תרעה עד שיסתאב ולא תמות דהוי כמפריש לאחריות שנתכפר באחרת ורועה דהלכה למשה מסיני היא בחמש חטאות מתות מתכפר באחת מהן. דאחריות מועיל ואותה שנשארה תרעה עד שיסתאב ולא תמות דהוי כמפריש לאחריות שנתכפר באחרת ורועה דהלכה למשה מסיני היא בחמש חטאות מתות מתכפר באחת מהן. דאחריות מועיל ואותה שנשארה תרעה עד שיסתאב ולא תמות דהוי כמפריש לאחריות שנתכפר באחרת ורועה דהלכה למשה מסיני היא בחמש חטאות מתות מתכפר באחת מהן. דאחריות מועיל ואותה שנשארה תרעה עד שיסתאב ולא תמות דהוי כמפריש לאחריות שנתכפר באחרת ורועה דהלכה למשה מסיני היא בחמש חטאות מתות מתכפר באחת מהן. דאחריות מועיל ואותה שנשארה תרעה עד שיסתאב ולא תמות דהוי כמפריש לאחריות שנתכפר באחרת ורועה דהלכה למשה מסיני היא בחמש חטאות מתות מתכפר באחת מהן. דאחריות מועיל ואותה שנשארה תרעה עד שיסתאב ולא תמות דהוי כמפריש לאחריות שנתכפר באחרת ורועה דהלכה למשה מסיני היא בחמש חטאות מתות מתכפר באחת מהן. דאחריות מועיל ואותה שנשארה תרעה עד שיסתאב ולא תמות דהוי כמפריש לאחריות שנתכפר באחרת ורועה דהלכה למשה מסיני היא בחמש חטאות מתות מתכפר באחת מהן. דאחריות מועיל ואותה שנשארה תרעה עד שיסתאב ולא תמות דהוי כמפריש לאחריות שנתכפר באחרת ורועה דהלכה למשה מסיני היא בחמש חטאות מתות מתכפר באחת מהן. דאחריות מועיל ואותה שנשארה תרעה עד שיסתאב ולא תמות דהוי כמפריש לאחריות שנתכפר באחרת ורועה דהלכה למשה מסיני היא בחמש חטאות מתות מתכפר באחת מהן. דאחריות מועיל ואותה שנשארה תרעה עד שיסתאב ולא תמות דהוי כמפריש לאחריות שנתכפר באחרת ורועה דהלכה למשה מסיני היא בחמש חטאות מתות מתכפר באחת מהן. דאחריות מועיל ואותה שנשארה תרעה עד שיסתאב ולא תמות דהוי כמפריש לאחריות שנתכפר באחרת ורועה דהלכה למשה מסיני היא בחמש חטאות מתות מתכפר באחת מהן. דאחריות מועיל ואותה שנשארה תרעה עד שיסתאב ולא תמות דהוי כמפריש לאחריות שנתכפר באחרת ורועה דהלכה למשה מסיני היא בחמש חטאות מתות מתכפר באחת מהן. דאחריות מועיל ואותה שנשארה תרעה עד שיסתאב ולא תמות דהוי כמפריש לאחריות שנתכפר באחרת ורועה דהלכה למשה מסיני היא בחמש חטאות מתות מתכפר באחת מהן. דאחריות מועיל ואותה שנשארה תרעה עד שיסתאב ולא תמות דהוי כמפריש לאחריות שנתכפר באחרת ורועה דהלכה למשה מסיני היא בחמש חטאות מתות מתכפר באחת מהן. דאחריות מועיל ואותה שנשארה תרעה עד שיסתאב ולא תמות דהוי כמפריש לאחריות שנתכפר באחרת ורועה דהלכה למשה מסיני היא בחמש חטאות מתות מתכפר באחת מהן. דאחריות מועיל ואותה שנשארה תרעה עד שיסתאב ולא תמות דהוי כמפריש לאחריות שנתכפר באחרת ורועה דהלכה למשה מסיני היא בחמש חטאות מתות מתכפר באחת מהן. דאחריות מועיל ואותה שנשארה תרעה עד שיסתאב ולא תמות דהוי כמפריש לאחריות שנתכפר באחרת ורועה דהלכה למשה מסיני היא בחמש חטאות מתות מתכפר באחת מהן. דאחריות מועיל ואותה שנשארה תרעה עד שיסתאב ולא תמות דהוי כמפריש לאחריות שנתכפר באחרת ורועה דהלכה למשה מסיני היא בחמש חטאות מתות מתכפר באחת מהן. דאחריות מועיל ואותה שנשארה תרעה עד שיסתאב ולא תמות דהוי כמפריש לאחריות שנתכפר באחרת ורועה דהלכה למשה מסיני היא בחמש חטאות מתות מתכפר באחת מהן. דאחריות מועיל ואותה שנשארה תרעה עד שיסתאב ולא תמות דהוי כמפריש לאחריות שנתכפר באחרת ורועה דהלכה למשה מסיני היא בחמש חטאות מתות מתכפר באחת מהן. דאחריות מועיל ואותה שנשארה תרעה עד שיסתאב ולא תמות דהוי כמפריש לאחריות שנתכפר באחרת ורועה דהלכה למשה מסיני היא בחמש חטאות מתות מתכפר באחת מהן. דאחריות מועיל ואותה שנשארה תרעה עד שיסתאב ולא תמות דהוי כמפריש לאחריות שנתכפר באחרת ורועה דהלכה למשה מסיני היא בחמש חטאות מתות מתכפר באחת מהן. דאחריות מועיל ואותה שנשארה תרעה עד שיסתאב ולא תמות דהוי כמפריש לאחריות שנתכפר באחרת ורועה דהלכה למשה מסיני היא בחמש חטאות מתות מתכפר באחת מהן. דאחריות מועיל ואותה שנשארה תרעה עד שיסתאב ולא תמות דהוי כמפריש לאחריות שנתכפר באחרת ורועה דהלכה למשה מסיני היא בחמש חטאות מתות מתכפר באחת מהן. דאחריות מועיל ואותה שנשארה תרעה עד שיסתאב ולא תמות דהוי כמפריש לאחריות שנתכפר באחרת ורועה דהלכה למשה מסיני היא בחמש חטאות מתות מתכפר באחת מהן. דאחריות מועיל ואותה שנשארה תרעה עד שיסתאב ולא תמות דהוי כמפריש לאחריות שנתכפר באחרת ורועה דהלכה למשה מסיני היא בחמש חטאות מתות מתכפר באחת מהן. דאחריות מועיל ואותה שנשארה תרעה עד שיסתאב ולא תמות דהוי כמפריש לאחריות שנתכפר באחרת ורועה דהלכה למשה מסיני היא בחמש חטאות מתות מתכפר באחת מהן. דאחריות מועיל ואותה שנשארה תרעה עד שיסתאב ולא תמות דהוי כמפריש לאחריות שנתכפר באחרת ורועה דהלכה למשה מסיני היא בחמש חטאות מתות
רבינו גרשום
הדרן עלך ולד חטאת
מתכפר באחת מהן. דאחריות מועיל ואותה שנשארה תרעה עד שיסתאב ולא תמות דהוי כמפריש לאחריות שנתכפר באחרת ורועה דהלכה למשה מסיני היא בחמש חטאות מתות מתכפר באחת מהן. דאחריות מועיל ואותה שנשארה תרעה עד שיסתאב ולא תמות דהוי כמפריש לאחריות שנתכפר באחרת ורועה דהלכה למשה מסיני היא בחמש חטאות מתות מתכפר באחת מהן. דאחריות מועיל ואותה שנשארה תרעה עד שיסתאב ולא תמות דהוי כמפריש לאחריות שנתכפר באחרת ורועה דהלכה למשה מסיני היא בחמש חטאות מתות מתכפר באחת מהן. דאחריות מועיל ואותה שנשארה תרעה עד שיסתאב ולא תמות דהוי כמפריש לאחריות שנתכפר באחרת ורועה דהלכה למשה מסיני היא בחמש חטאות מתות מתכפר באחת מהן. דאחריות מועיל ואותה שנשארה תרעה עד שיסתאב ולא תמות דהוי כמפריש לאחריות שנתכפר באחרת ורועה דהלכה למשה מסיני היא בחמש חטאות מתות מתכפר באחת מהן. דאחריות מועיל ואותה שנשארה תרעה עד שיסתאב ולא תמות דהוי כמפריש לאחריות שנתכפר באחרת ורועה דהלכה למשה מסיני היא בחמש חטאות מתות מתכפר באחת מהן. דאחריות מועיל ואותה שנשארה תרעה עד שיסתאב ולא תמות דהוי כמפריש לאחריות שנתכפר באחרת ורועה דהלכה למשה מסיני היא בחמש חטאות מתות מתכפר באחת מהן. דאחריות מועיל ואותה שנשארה תרעה עד שיסתאב ולא תמות דהוי כמפריש לאחריות שנתכפר באחרת ורועה דהלכה למשה מסיני היא בחמש חטאות מתות מתכפר באחת מהן. דאחריות מועיל ואותה שנשארה תרעה עד שיסתאב ולא תמות דהוי כמפריש לאחריות שנתכפר באחרת ורועה דהלכה למשה מסיני היא בחמש חטאות מתות מתכפר באחת מהן. דאחריות מועיל ואותה שנשארה תרעה עד שיסתאב ולא תמות דהוי כמפריש לאחריות שנתכפר באחרת ורועה דהלכה למשה מסיני היא בחמש חטאות מתות מתכפר באחת מהן. דאחריות מועיל ואותה שנשארה תרעה עד שיסתאב ולא תמות דהוי כמפריש לאחריות שנתכפר באחרת ורועה דהלכה למשה מסיני היא בחמש חטאות מתות מתכפר באחת מהן. דאחריות מועיל ואותה שנשארה תרעה עד שיסתאב ולא תמות דהוי כמפריש לאחריות שנתכפר באחרת ורועה דהלכה למשה מסיני היא בחמש חטאות מתות מתכפר באחת מהן. דאחריות מועיל ואותה שנשארה תרעה עד שיסתאב ולא תמות דהוי כמפריש לאחריות שנתכפר באחרת ורועה דהלכה למשה מסיני היא בחמש חטאות מתות מתכפר באחת מהן. דאחריות מועיל ואותה שנשארה תרעה עד שיסתאב ולא תמות דהוי כמפריש לאחריות שנתכפר באחרת ורועה דהלכה למשה מסיני היא בחמש חטאות מתות מתכפר באחת מהן. דאחריות מועיל ואותה שנשארה תרעה עד שיסתאב ולא תמות דהוי כמפריש לאחריות שנתכפר באחרת ורועה דהלכה למשה מסיני היא בחמש חטאות מתות מתכפר באחת מהן. דאחריות מועיל ואותה שנשארה תרעה עד שיסתאב ולא תמות דהוי כמפריש לאחריות שנתכפר באחרת ורועה דהלכה למשה מסיני היא בחמש חטאות מתות מתכפר באחת מהן. דאחריות מועיל ואותה שנשארה תרעה עד שיסתאב ולא תמות דהוי כמפריש לאחריות שנתכפר באחרת ורועה דהלכה למשה מסיני היא בחמש חטאות מתות מתכפר באחת מהן. דאחריות מועיל ואותה שנשארה תרעה עד שיסתאב ולא תמות דהוי כמפריש לאחריות שנתכפר באחרת ורועה דהלכה למשה מסיני היא בחמש חטאות מתות מתכפר באחת מהן. דאחריות מועיל ואותה שנשארה תרעה עד שיסתאב ולא תמות דהוי כמפריש לאחריות שנתכפר באחרת ורועה דהלכה למשה מסיני היא בחמש חטאות מתות מתכפר באחת מהן. דאחריות מועיל ואותה שנשארה תרעה עד שיסתאב ולא תמות דהוי כמפריש לאחריות שנתכפר באחרת ורועה דהלכה למשה מסיני היא בחמש חטאות מתות מתכפר באחת מהן. דאחריות מועיל ואותה שנשארה תרעה עד שיסתאב ולא תמות דהוי כמפריש לאחריות שנתכפר באחרת ורועה דהלכה למשה מסיני היא בחמש חטאות מתות מתכפר באחת מהן. דאחריות מועיל ואותה שנשארה תרעה עד שיסתאב ולא תמות דהוי כמפריש לאחריות שנתכפר באחרת ורועה דהלכה למשה מסיני היא בחמש חטאות מתות מתכפר באחת מהן. דאחריות מועיל ואותה שנשארה תרעה עד שיסתאב ולא תמות דהוי כמפריש לאחריות שנתכפר באחרת ורועה דהלכה למשה מסיני היא בחמש חטאות מתות מתכפר באחת מהן. דאחריות מועיל ואותה שנשארה תרעה עד שיסתאב ולא תמות דהוי כמפריש לאחריות שנתכפר באחרת ורועה דהלכה למשה מסיני היא בחמש חטאות מתות מתכפר באחת מהן. דאחריות מועיל ואותה שנשארה תרעה עד שיסתאב ולא תמות דהוי כמפריש לאחריות שנתכפר באחרת ורועה דהלכה למשה מסיני היא בחמש חטאות מתות מתכפר באחת מהן. דאחריות מועיל ואותה שנשארה תרעה עד שיסתאב ולא תמות דהוי כמפריש לאחריות שנתכפר באחרת ורועה דהלכה למשה מסיני היא בחמש חטאות מתות מתכפר באחת מהן. דאחריות מועיל ואותה שנשארה תרעה עד שיסתאב ולא תמות דהוי כמפריש לאחריות שנתכפר באחרת ורועה דהלכה למשה מסיני היא בחמש חטאות מתות מתכפר באחת מהן. דאחריות מועיל ואותה שנשארה תרעה עד שיסתאב ולא תמות דהוי כמפריש לאחריות שנתכפר באחרת ורועה דהלכה למשה מסיני היא בחמש חטאות מתות מתכפר באחת מהן. דאחריות מועיל ואותה שנשארה תרעה עד שיסתאב ולא תמות דהוי כמפריש לאחריות שנתכפר באחרת ורועה דהלכה למשה מסיני היא בחמש חטאות מתות מתכפר באחת מהן. דאחריות מועיל ואותה שנשארה תרעה עד שיסתאב ולא תמות דהוי כמפריש לאחריות שנתכפר באחרת ורועה דהלכה למשה מסיני היא בחמש חטאות מתות מתכפר באחת מהן. דאחריות מועיל ואותה שנשארה תרעה עד שיסתאב ולא תמות דהוי כמפריש לאחריות שנתכפר באחרת ורועה דהלכה למשה מסיני היא בחמש חטאות מתות מתכפר באחת מהן. דאחריות מועיל ואותה שנשארה תרעה עד שיסתאב ולא תמות דהוי כמפריש לאחריות שנתכפר באחרת ורועה דהלכה למשה מסיני היא בחמש חטאות מתות מתכפר באחת מהן. דאחריות מועיל ואותה שנשארה תרעה עד שיסתאב ולא תמות דהוי כמפריש לאחריות שנתכפר באחרת ורועה דהלכה למשה מסיני היא בחמש חטאות מתות מתכפר באחת מהן. דאחריות מועיל ואותה שנשארה תרעה עד שיסתאב ולא תמות דהוי כמפריש לאחריות שנתכפר באחרת ורועה דהלכה למשה מסיני היא בחמש חטאות מתות מתכפר באחת מהן. דאחריות מועיל ואותה שנשארה תרעה עד שיסתאב ולא תמות דהוי כמפריש לאחריות שנתכפר באחרת ורועה דהלכה למשה מסיני היא בחמש חטאות מתות מתכפר באחת מהן. דאחריות מועיל ואותה שנשארה תרעה עד שיסתאב ולא תמות דהוי כמפריש לאחריות שנתכפר באחרת ורועה דהלכה למשה מסיני היא בחמש חטאות מתות מתכפר באחת מהן. דאחריות מועיל ואותה שנשארה תרעה עד שיסתאב ולא תמות דהוי כמפריש לאחריות שנתכפר באחרת ורועה דהלכה למשה מסיני היא בחמש חטאות מתות מתכפר באחת מהן. דאחריות מועיל ואותה שנשארה תרעה עד שיסתאב ולא תמות דהוי כמפריש לאחריות שנתכפר באחרת ורועה דהלכה למשה מסיני היא בחמש חטאות מתות מתכפר באחת מהן. דאחריות מועיל ואותה שנשארה תרעה עד שיסתאב ולא תמות דהוי כמפריש לאחריות שנתכפר באחרת ורועה דהלכה למשה מסיני היא בחמש חטאות מתות מתכפר באחת מהן. דאחריות מועיל ואותה שנשארה תרעה עד שיסתאב ולא תמות דהוי כמפריש לאחריות שנתכפר באחרת ורועה דהלכה למשה מסיני היא בחמש חטאות מתות מתכפר באחת מהן. דאחריות מועיל ואותה שנשארה תרעה עד שיסתאב ולא תמות דהוי כמפריש לאחריות שנתכפר באחרת ורועה דהלכה למשה מסיני היא בחמש חטאות מתות מתכפר באחת מהן. דאחריות מועיל ואותה שנשארה תרעה עד שיסתאב ולא תמות דהוי כמפריש לאחריות שנתכפר באחרת ורועה דהלכה למשה מסיני היא בחמש חטאות מתות מתכפר באחת מהן. דאחריות מועיל ואותה שנשארה תרעה עד שיסתאב ולא תמות דהוי כמפריש לאחריות שנתכפר באחרת ורועה דהלכה למשה מסיני היא בחמש חטאות מתות מתכפר באחת מהן. דאחריות מועיל ואותה שנשארה תרעה עד שיסתאב ולא תמות דהוי כמפריש לאחריות שנתכפר באחרת ורועה דהלכה למשה מסיני היא בחמש חטאות מתות מתכפר באחת מהן. דאחריות מועיל ואותה שנשארה תרעה עד שיסתאב ולא תמות דהוי כמפריש לאחריות שנתכפר באחרת ורועה דהלכה למשה מסיני היא בחמש חטאות מתות מתכפר באחת מהן. דאחריות מועיל ואותה שנשארה תרעה עד שיסתאב ולא תמות דהוי כמפריש לאחריות שנתכפר באחרת ורועה דהלכה למשה מסיני היא בחמש חטאות מתות מתכפר באחת מהן. דאחריות מועיל ואותה שנשארה תרעה עד שיסתאב ולא תמות דהוי כמפריש לאחריות שנתכפר באחרת ורועה דהלכה למשה מסיני היא בחמש חטאות מתות מתכפר באחת מהן. דאחריות מועיל ואותה שנשארה תרעה עד שיסתאב ולא תמות דהוי כמפריש לאחריות שנתכפר באחרת ורועה דהלכה למשה מסיני היא בחמש חטאות מתות מתכפר באחת מהן. דאחריות מועיל ואותה שנשארה תרעה עד שיסתאב ולא תמות דהוי כמפריש לאחריות שנתכפר באחרת ורועה דהלכה למשה מסיני היא בחמש חטאות מתות מתכפר באחת מהן. דאחריות מועיל ואותה שנשארה תרעה עד שיסתאב ולא תמות דהוי כמפריש לאחריות שנתכפר באחרת ורועה דהלכה למשה מסיני היא בחמש חטאות מתות מתכפר באחת מהן. דאחריות מועיל ואותה שנשארה תרעה עד שיסתאב ולא תמות דהוי כמפריש לאחריות שנתכפר באחרת ורועה דהלכה למשה מסיני היא בחמש חטאות מתות מתכפר באחת מהן. דאחריות מועיל ואותה שנשארה תרעה עד שיסתאב ולא תמות דהוי כמפריש לאחריות שנתכפר באחרת ורועה דהלכה למשה מסיני היא בחמש חטאות מתות מתכפר באחת מהן. דאחריות מועיל ואותה שנשארה תרעה עד שיסתאב ולא תמות דהוי כמפריש לאחריות שנתכפר באחרת ורועה דהלכה למשה מסיני היא בחמש חטאות מתות מתכפר באחת מהן. דאחריות מועיל ואותה שנשארה תרעה עד שיסתאב ולא תמות דהוי כמפריש לאחריות שנתכפר באחרת ורועה דהלכה למשה מסיני היא בחמש חטאות מתות מתכפר באחת מהן. דאחריות מועיל ואותה שנשארה תרעה עד שיסתאב ולא תמות דהוי כמפריש לאחריות שנתכפר באחרת ורועה דהלכה למשה מסיני היא בחמש חטאות מתות מתכפר באחת מהן. דאחריות מועיל ואותה שנשארה תרעה עד שיסתאב ולא תמות דהוי כמפריש לאחריות שנתכפר באחרת ורועה דהלכה למשה מסיני היא בחמש חטאות מתות מתכפר באחת מהן. דאחריות מועיל ואותה שנשארה תרעה עד שיסתאב ולא תמות דהוי כמפריש לאחריות שנתכפר באחרת ורועה דהלכה למשה מסיני היא בחמש חטאות מתות מתכפר באחת מהן. דאחריות מועיל ואותה שנשארה תרעה עד שיסתאב ולא תמות דהוי כמפריש לאחריות שנתכפר באחרת ורועה דהלכה למשה מסיני היא בחמש חטאות מתות מתכפר באחת מהן. דאחריות מועיל ואותה שנשארה תרעה עד שיסתאב ולא תמות דהוי כמפריש לאחריות שנתכפר באחרת ורועה דהלכה למשה מסיני היא בחמש חטאות מתות מתכפר באחת מהן. דאחריות מועיל ואותה שנשארה תרעה עד שיסתאב ולא תמות דהוי כמפריש לאחריות שנתכפר באחרת ורועה דהלכה למשה מסיני היא בחמש חטאות מתות
הגהות הב״ח
א) [בכורות יג.] ב) חולין קלב. ג) [ע״ש] ד) זבחים צה. ה) לעיל כב. ו) יומא נו: א) [בכורות יג.] ב) חולין קלב. ג) [ע״ש] ד) זבחים צה. ה) לעיל כב. ו) יומא נו: א) [בכורות יג.] ב) חולין קלב. ג) [ע״ש] ד) זבחים צה. ה) לעיל כב. ו) יומא נו: א) [בכורות יג.] ב) חולין קלב. ג) [ע״ש] ד) זבחים צה. ה) לעיל כב. ו) יומא נו: א) [בכורות יג.] ב) חולין קלב. ג) [ע״ש] ד) זבחים צה. ה) לעיל כב. ו) יומא נו: א) [בכורות יג.] ב) חולין קלב. ג) [ע״ש] ד) זבחים צה. ה) לעיל כב. ו) יומא נו: א) [בכורות יג.] ב) חולין קלב. ג) [ע״ש] ד) זבחים צה. ה) לעיל כב. ו) יומא נו: א) [בכורות יג.] ב) חולין קלב. ג) [ע״ש] ד) זבחים צה. ה) לעיל כב. ו) יומא נו: א) [בכורות יג.] ב) חולין קלב. ג) [ע״ש] ד) זבחים צה. ה) לעיל כב. ו) יומא נו: א) [בכורות יג.] ב) חולין קלב. ג) [ע״ש] ד) זבחים צה. ה) לעיל כב. ו) יומא נו: א) [בכורות יג.] ב) חולין קלב. ג) [ע״ש] ד) זבחים צה. ה) לעיל כב. ו) יומא נו: א) [בכורות יג.] ב) חולין קלב. ג) [ע״ש] ד) זבחים צה. ה) לעיל כב. ו) יומא נו: א) [בכורות יג.] ב) חולין קלב. ג) [ע״ש] ד) זבחים צה. ה) לעיל כב. ו) יומא נו: א) [בכורות יג.] ב) חולין קלב. ג) [ע״ש] ד) זבחים צה. ה) לעיל כב. ו) יומא נו: א) [בכורות יג.] ב) חולין קלב. ג) [ע״ש] ד) זבחים צה. ה) לעיל כב. ו) יומא נו: א) [בכורות יג.] ב) חולין קלב. ג) [ע״ש] ד) זבחים צה. ה) לעיל כב. ו) יומא נו: א) [בכורות יג.] ב) חולין קלב. ג) [ע״ש] ד) זבחים צה. ה) לעיל כב. ו) יומא נו: א) [בכורות יג.] ב) חולין קלב. ג) [ע״ש] ד) זבחים צה. ה) לעיל כב. ו) יומא נו: א) [בכורות יג.] ב) חולין קלב. ג) [ע״ש] ד) זבחים צה. ה) לעיל כב. ו) יומא נו: א) [בכורות יג.] ב) חולין קלב. ג) [ע״ש] ד) זבחים צה. ה) לעיל כב. ו) יומא נו: א) [בכורות יג.] ב) חולין קלב. ג) [ע״ש] ד) זבחים צה. ה) לעיל כב. ו) יומא נו: א) [בכורות יג.] ב) חולין קלב. ג) [ע״ש] ד) זבחים צה. ה) לעיל כב. ו) יומא נו: א) [בכורות יג.] ב) חולין קלב. ג) [ע״ש] ד) זבחים צה. ה) לעיל כב. ו) יומא נו: א) [בכורות יג.] ב) חולין קלב. ג) [ע״ש] ד) זבחים צה. ה) לעיל כב. ו) יומא נו: א) [בכורות יג.] ב) חולין קלב. ג) [ע״ש] ד) זבחים צה. ה) לעיל כב. ו) יומא נו: א) [בכורות יג.] ב) חולין קלב. ג) [ע״ש] ד) זבחים צה. ה) לעיל כב. ו) יומא נו: א) [בכורות יג.] ב) חולין קלב. ג) [ע״ש] ד) זבחים צה. ה) לעיל כב. ו) יומא נו: א) [בכורות יג.] ב) חולין קלב. ג) [ע״ש] ד) זבחים צה. ה) לעיל כב. ו) יומא נו: א) [בכורות יג.] ב) חולין קלב. ג) [ע״ש] ד) זבחים צה. ה) לעיל כב. ו) יומא נו: א) [בכורות יג.] ב) חולין קלב. ג) [ע״ש] ד) זבחים צה. ה) לעיל כב. ו) יומא נו: א) [בכורות יג.] ב) חולין קלב. ג) [ע״ש] ד) זבחים צה. ה) לעיל כב. ו) יומא נו: א) [בכורות יג.] ב) חולין קלב. ג) [ע״ש] ד) זבחים צה. ה) לעיל כב. ו) יומא נו: א) [בכורות יג.] ב) חולין קלב. ג) [ע״ש] ד) זבחים צה. ה) לעיל כב. ו) יומא נו: א) [בכורות יג.] ב) חולין קלב. ג) [ע״ש] ד) זבחים צה. ה) לעיל כב. ו) יומא נו: א) [בכורות יג.] ב) חולין קלב. ג) [ע״ש] ד) זבחים צה. ה) לעיל כב. ו) יומא נו: א) [בכורות יג.] ב) חולין קלב. ג) [ע״ש] ד) זבחים צה. ה) לעיל כב. ו) יומא נו: א) [בכורות יג.] ב) חולין קלב. ג) [ע״ש] ד) זבחים צה. ה) לעיל כב. ו) יומא נו: א) [בכורות יג.] ב) חולין קלב. ג) [ע״ש] ד) זבחים צה. ה) לעיל כב. ו) יומא נו: א) [בכורות יג.] ב) חולין קלב. ג) [ע״ש] ד) זבחים צה. ה) לעיל כב. ו) יומא נו: א) [בכורות יג.] ב) חולין קלב. ג) [ע״ש] ד) זבחים צה. ה) לעיל כב. ו) יומא נו: א) [בכורות יג.] ב) חולין קלב. ג) [ע״ש] ד) זבחים צה. ה) לעיל כב. ו) יומא נו: א) [בכורות יג.] ב) חולין קלב. ג) [ע״ש] ד) זבחים צה. ה) לעיל כב. ו) יומא נו: א) [בכורות יג.] ב) חולין קלב. ג) [ע״ש] ד) זבחים צה. ה) לעיל כב. ו) יומא נו: א) [בכורות יג.] ב) חולין קלב. ג) [ע״ש] ד) זבחים צה. ה) לעיל כב. ו) יומא נו: א) [בכורות יג.] ב) חולין קלב. ג) [ע״ש] ד) זבחים צה. ה) לעיל כב. ו) יומא נו: א) [בכורות יג.] ב) חולין קלב. ג) [ע״ש] ד) זבחים צה. ה) לעיל כב. ו) יומא נו: א) [בכורות יג.] ב) חולין קלב. ג) [ע״ש] ד) זבחים צה. ה) לעיל כב. ו) יומא נו: א) [בכורות יג.] ב) חולין קלב. ג) [ע״ש] ד) זבחים צה. ה) לעיל כב. ו) יומא נו: א) [בכורות יג.] ב) חולין קלב. ג) [ע״ש] ד) זבחים צה. ה) לעיל כב. ו) יומא נו: א) [בכורות יג.] ב) חולין קלב. ג) [ע״ש] ד) זבחים צה. ה) לעיל כב. ו) יומא נו: א) [בכורות יג.] ב) חולין קלב. ג) [ע״ש] ד) זבחים צה. ה) לעיל כב. ו) יומא נו: א) [בכורות יג.] ב) חולין קלב. ג) [ע״ש] ד) זבחים צה. ה) לעיל כב. ו) יומא נו: א) [בכורות יג.] ב) חולין קלב. ג) [ע״ש] ד) זבחים צה. ה) לעיל כב. ו) יומא נו: א) [בכורות יג.] ב) חולין קלב. ג) [ע״ש] ד) זבחים צה. ה) לעיל כב. ו) יומא נו: א) [בכורות יג.] ב) חולין קלב. ג) [ע״ש] ד) זבחים צה. ה) לעיל כב. ו) יומא נו: א) [בכורות יג.] ב) חולין קלב. ג) [ע״ש] ד) זבחים צה. ה) לעיל כב. ו) יומא נו: א) [בכורות יג.] ב) חולין קלב. ג) [ע״ש] ד) זבחים צה. ה) לעיל כב. ו) יומא נו: א) [בכורות יג.] ב) חולין קלב. ג) [ע״ש] ד) זבחים צה. ה) לעיל כב. ו) יומא נו: א) [בכורות יג.] ב) חולין קלב. ג) [ע״ש] ד) זבחים צה. ה) לעיל כב. ו) יומא נו: א) [בכורות יג.] ב) חולין קלב. ג) [ע״ש] ד) זבחים צה. ה) לעיל כב. ו) יומא נו:
